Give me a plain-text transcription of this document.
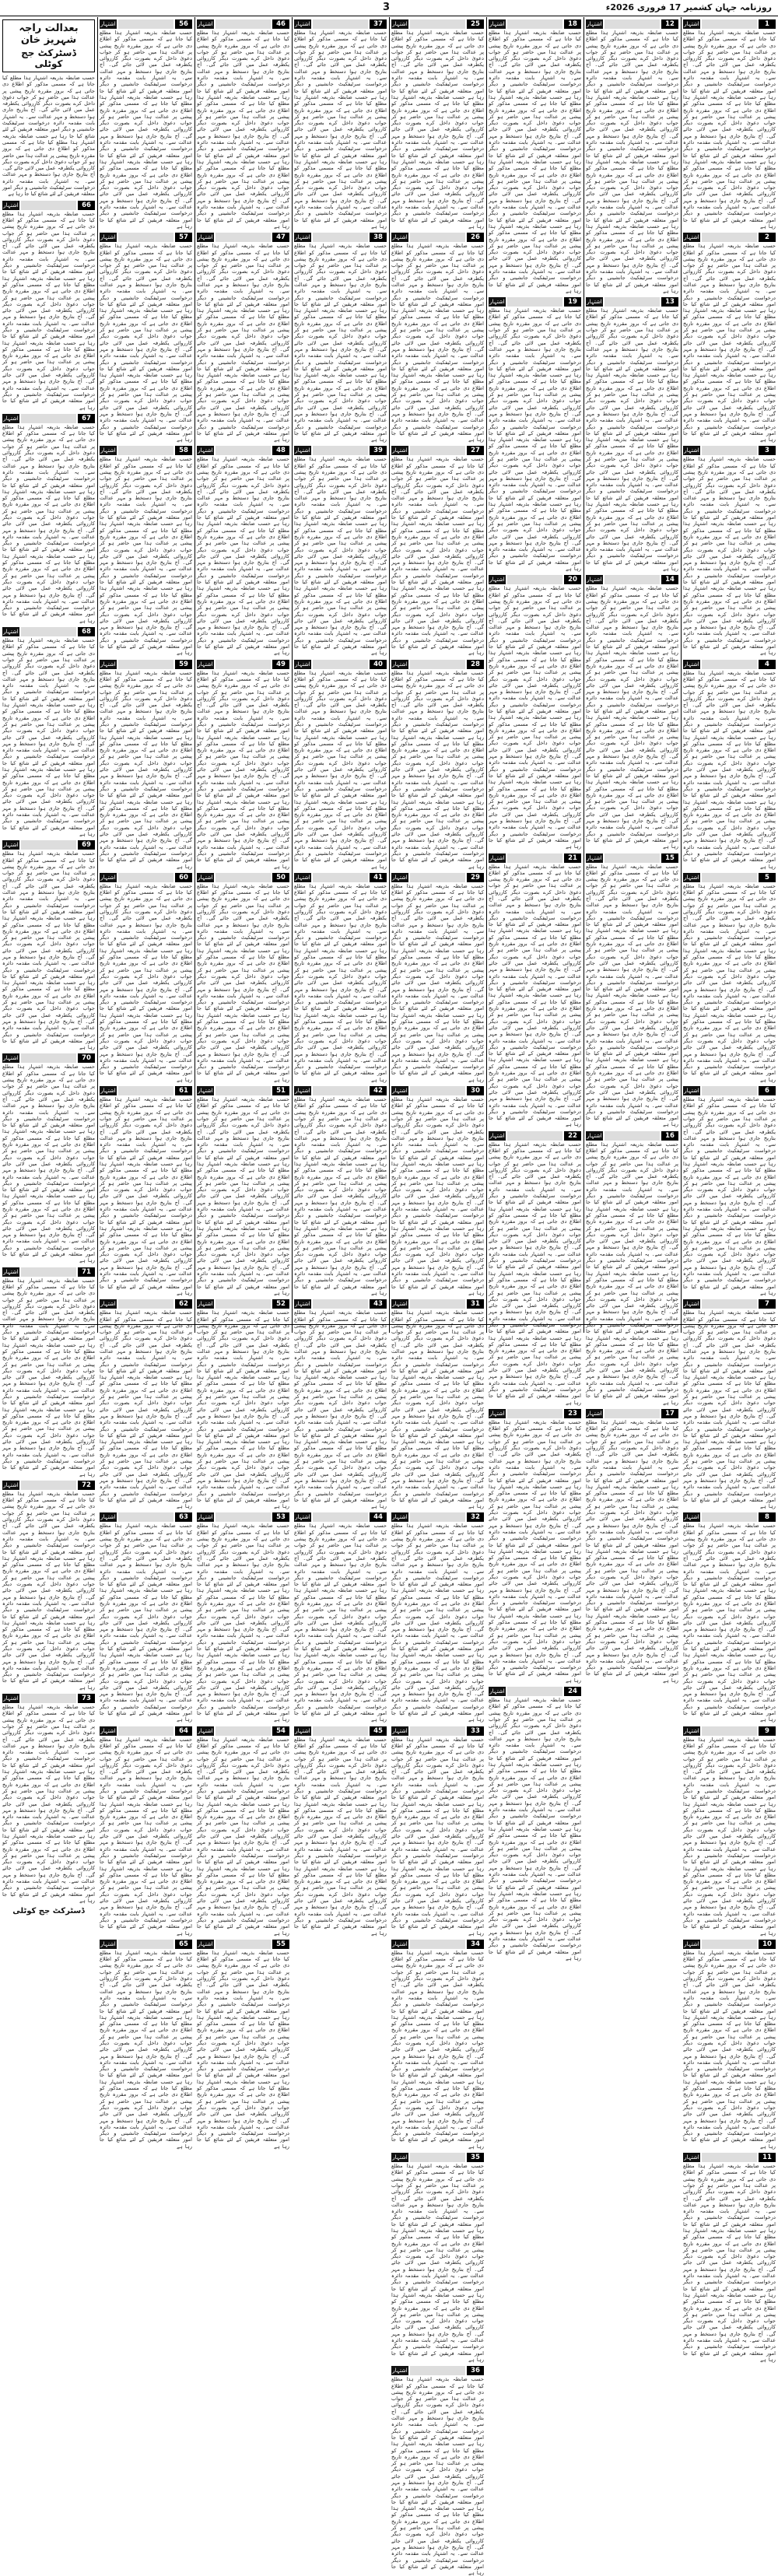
3	روزنامہ جہان کشمیر 17 فروری 2026ء
1
اشتہار
حسب ضابطہ بذریعہ اشتہار ہذا مطلع کیا جاتا ہے کہ مسمی مذکور کو اطلاع دی جاتی ہے کہ بروز مقررہ تاریخ پیشی پر عدالت ہذا میں حاضر ہو کر جواب دعویٰ داخل کرے بصورت دیگر کارروائی یکطرفہ عمل میں لائی جائے گی۔ آج بتاریخ جاری ہوا دستخط و مہر عدالت سے۔ یہ اشتہار بابت مقدمہ دائرہ درخواست سرٹیفکیٹ جانشینی و دیگر امور متعلقہ فریقین کے لئے شائع کیا جا رہا ہے حسب ضابطہ بذریعہ اشتہار ہذا مطلع کیا جاتا ہے کہ مسمی مذکور کو اطلاع دی جاتی ہے کہ بروز مقررہ تاریخ پیشی پر عدالت ہذا میں حاضر ہو کر جواب دعویٰ داخل کرے بصورت دیگر کارروائی یکطرفہ عمل میں لائی جائے گی۔ آج بتاریخ جاری ہوا دستخط و مہر عدالت سے۔ یہ اشتہار بابت مقدمہ دائرہ درخواست سرٹیفکیٹ جانشینی و دیگر امور متعلقہ فریقین کے لئے شائع کیا جا رہا ہے حسب ضابطہ بذریعہ اشتہار ہذا مطلع کیا جاتا ہے کہ مسمی مذکور کو اطلاع دی جاتی ہے کہ بروز مقررہ تاریخ پیشی پر عدالت ہذا میں حاضر ہو کر جواب دعویٰ داخل کرے بصورت دیگر کارروائی یکطرفہ عمل میں لائی جائے گی۔ آج بتاریخ جاری ہوا دستخط و مہر عدالت سے۔ یہ اشتہار بابت مقدمہ دائرہ درخواست سرٹیفکیٹ جانشینی و دیگر امور متعلقہ فریقین کے لئے شائع کیا جا رہا ہے
2
اشتہار
حسب ضابطہ بذریعہ اشتہار ہذا مطلع کیا جاتا ہے کہ مسمی مذکور کو اطلاع دی جاتی ہے کہ بروز مقررہ تاریخ پیشی پر عدالت ہذا میں حاضر ہو کر جواب دعویٰ داخل کرے بصورت دیگر کارروائی یکطرفہ عمل میں لائی جائے گی۔ آج بتاریخ جاری ہوا دستخط و مہر عدالت سے۔ یہ اشتہار بابت مقدمہ دائرہ درخواست سرٹیفکیٹ جانشینی و دیگر امور متعلقہ فریقین کے لئے شائع کیا جا رہا ہے حسب ضابطہ بذریعہ اشتہار ہذا مطلع کیا جاتا ہے کہ مسمی مذکور کو اطلاع دی جاتی ہے کہ بروز مقررہ تاریخ پیشی پر عدالت ہذا میں حاضر ہو کر جواب دعویٰ داخل کرے بصورت دیگر کارروائی یکطرفہ عمل میں لائی جائے گی۔ آج بتاریخ جاری ہوا دستخط و مہر عدالت سے۔ یہ اشتہار بابت مقدمہ دائرہ درخواست سرٹیفکیٹ جانشینی و دیگر امور متعلقہ فریقین کے لئے شائع کیا جا رہا ہے حسب ضابطہ بذریعہ اشتہار ہذا مطلع کیا جاتا ہے کہ مسمی مذکور کو اطلاع دی جاتی ہے کہ بروز مقررہ تاریخ پیشی پر عدالت ہذا میں حاضر ہو کر جواب دعویٰ داخل کرے بصورت دیگر کارروائی یکطرفہ عمل میں لائی جائے گی۔ آج بتاریخ جاری ہوا دستخط و مہر عدالت سے۔ یہ اشتہار بابت مقدمہ دائرہ درخواست سرٹیفکیٹ جانشینی و دیگر امور متعلقہ فریقین کے لئے شائع کیا جا رہا ہے
3
اشتہار
حسب ضابطہ بذریعہ اشتہار ہذا مطلع کیا جاتا ہے کہ مسمی مذکور کو اطلاع دی جاتی ہے کہ بروز مقررہ تاریخ پیشی پر عدالت ہذا میں حاضر ہو کر جواب دعویٰ داخل کرے بصورت دیگر کارروائی یکطرفہ عمل میں لائی جائے گی۔ آج بتاریخ جاری ہوا دستخط و مہر عدالت سے۔ یہ اشتہار بابت مقدمہ دائرہ درخواست سرٹیفکیٹ جانشینی و دیگر امور متعلقہ فریقین کے لئے شائع کیا جا رہا ہے حسب ضابطہ بذریعہ اشتہار ہذا مطلع کیا جاتا ہے کہ مسمی مذکور کو اطلاع دی جاتی ہے کہ بروز مقررہ تاریخ پیشی پر عدالت ہذا میں حاضر ہو کر جواب دعویٰ داخل کرے بصورت دیگر کارروائی یکطرفہ عمل میں لائی جائے گی۔ آج بتاریخ جاری ہوا دستخط و مہر عدالت سے۔ یہ اشتہار بابت مقدمہ دائرہ درخواست سرٹیفکیٹ جانشینی و دیگر امور متعلقہ فریقین کے لئے شائع کیا جا رہا ہے حسب ضابطہ بذریعہ اشتہار ہذا مطلع کیا جاتا ہے کہ مسمی مذکور کو اطلاع دی جاتی ہے کہ بروز مقررہ تاریخ پیشی پر عدالت ہذا میں حاضر ہو کر جواب دعویٰ داخل کرے بصورت دیگر کارروائی یکطرفہ عمل میں لائی جائے گی۔ آج بتاریخ جاری ہوا دستخط و مہر عدالت سے۔ یہ اشتہار بابت مقدمہ دائرہ درخواست سرٹیفکیٹ جانشینی و دیگر امور متعلقہ فریقین کے لئے شائع کیا جا رہا ہے
4
اشتہار
حسب ضابطہ بذریعہ اشتہار ہذا مطلع کیا جاتا ہے کہ مسمی مذکور کو اطلاع دی جاتی ہے کہ بروز مقررہ تاریخ پیشی پر عدالت ہذا میں حاضر ہو کر جواب دعویٰ داخل کرے بصورت دیگر کارروائی یکطرفہ عمل میں لائی جائے گی۔ آج بتاریخ جاری ہوا دستخط و مہر عدالت سے۔ یہ اشتہار بابت مقدمہ دائرہ درخواست سرٹیفکیٹ جانشینی و دیگر امور متعلقہ فریقین کے لئے شائع کیا جا رہا ہے حسب ضابطہ بذریعہ اشتہار ہذا مطلع کیا جاتا ہے کہ مسمی مذکور کو اطلاع دی جاتی ہے کہ بروز مقررہ تاریخ پیشی پر عدالت ہذا میں حاضر ہو کر جواب دعویٰ داخل کرے بصورت دیگر کارروائی یکطرفہ عمل میں لائی جائے گی۔ آج بتاریخ جاری ہوا دستخط و مہر عدالت سے۔ یہ اشتہار بابت مقدمہ دائرہ درخواست سرٹیفکیٹ جانشینی و دیگر امور متعلقہ فریقین کے لئے شائع کیا جا رہا ہے حسب ضابطہ بذریعہ اشتہار ہذا مطلع کیا جاتا ہے کہ مسمی مذکور کو اطلاع دی جاتی ہے کہ بروز مقررہ تاریخ پیشی پر عدالت ہذا میں حاضر ہو کر جواب دعویٰ داخل کرے بصورت دیگر کارروائی یکطرفہ عمل میں لائی جائے گی۔ آج بتاریخ جاری ہوا دستخط و مہر عدالت سے۔ یہ اشتہار بابت مقدمہ دائرہ درخواست سرٹیفکیٹ جانشینی و دیگر امور متعلقہ فریقین کے لئے شائع کیا جا رہا ہے
5
اشتہار
حسب ضابطہ بذریعہ اشتہار ہذا مطلع کیا جاتا ہے کہ مسمی مذکور کو اطلاع دی جاتی ہے کہ بروز مقررہ تاریخ پیشی پر عدالت ہذا میں حاضر ہو کر جواب دعویٰ داخل کرے بصورت دیگر کارروائی یکطرفہ عمل میں لائی جائے گی۔ آج بتاریخ جاری ہوا دستخط و مہر عدالت سے۔ یہ اشتہار بابت مقدمہ دائرہ درخواست سرٹیفکیٹ جانشینی و دیگر امور متعلقہ فریقین کے لئے شائع کیا جا رہا ہے حسب ضابطہ بذریعہ اشتہار ہذا مطلع کیا جاتا ہے کہ مسمی مذکور کو اطلاع دی جاتی ہے کہ بروز مقررہ تاریخ پیشی پر عدالت ہذا میں حاضر ہو کر جواب دعویٰ داخل کرے بصورت دیگر کارروائی یکطرفہ عمل میں لائی جائے گی۔ آج بتاریخ جاری ہوا دستخط و مہر عدالت سے۔ یہ اشتہار بابت مقدمہ دائرہ درخواست سرٹیفکیٹ جانشینی و دیگر امور متعلقہ فریقین کے لئے شائع کیا جا رہا ہے حسب ضابطہ بذریعہ اشتہار ہذا مطلع کیا جاتا ہے کہ مسمی مذکور کو اطلاع دی جاتی ہے کہ بروز مقررہ تاریخ پیشی پر عدالت ہذا میں حاضر ہو کر جواب دعویٰ داخل کرے بصورت دیگر کارروائی یکطرفہ عمل میں لائی جائے گی۔ آج بتاریخ جاری ہوا دستخط و مہر عدالت سے۔ یہ اشتہار بابت مقدمہ دائرہ درخواست سرٹیفکیٹ جانشینی و دیگر امور متعلقہ فریقین کے لئے شائع کیا جا رہا ہے
6
اشتہار
حسب ضابطہ بذریعہ اشتہار ہذا مطلع کیا جاتا ہے کہ مسمی مذکور کو اطلاع دی جاتی ہے کہ بروز مقررہ تاریخ پیشی پر عدالت ہذا میں حاضر ہو کر جواب دعویٰ داخل کرے بصورت دیگر کارروائی یکطرفہ عمل میں لائی جائے گی۔ آج بتاریخ جاری ہوا دستخط و مہر عدالت سے۔ یہ اشتہار بابت مقدمہ دائرہ درخواست سرٹیفکیٹ جانشینی و دیگر امور متعلقہ فریقین کے لئے شائع کیا جا رہا ہے حسب ضابطہ بذریعہ اشتہار ہذا مطلع کیا جاتا ہے کہ مسمی مذکور کو اطلاع دی جاتی ہے کہ بروز مقررہ تاریخ پیشی پر عدالت ہذا میں حاضر ہو کر جواب دعویٰ داخل کرے بصورت دیگر کارروائی یکطرفہ عمل میں لائی جائے گی۔ آج بتاریخ جاری ہوا دستخط و مہر عدالت سے۔ یہ اشتہار بابت مقدمہ دائرہ درخواست سرٹیفکیٹ جانشینی و دیگر امور متعلقہ فریقین کے لئے شائع کیا جا رہا ہے حسب ضابطہ بذریعہ اشتہار ہذا مطلع کیا جاتا ہے کہ مسمی مذکور کو اطلاع دی جاتی ہے کہ بروز مقررہ تاریخ پیشی پر عدالت ہذا میں حاضر ہو کر جواب دعویٰ داخل کرے بصورت دیگر کارروائی یکطرفہ عمل میں لائی جائے گی۔ آج بتاریخ جاری ہوا دستخط و مہر عدالت سے۔ یہ اشتہار بابت مقدمہ دائرہ درخواست سرٹیفکیٹ جانشینی و دیگر امور متعلقہ فریقین کے لئے شائع کیا جا رہا ہے
7
اشتہار
حسب ضابطہ بذریعہ اشتہار ہذا مطلع کیا جاتا ہے کہ مسمی مذکور کو اطلاع دی جاتی ہے کہ بروز مقررہ تاریخ پیشی پر عدالت ہذا میں حاضر ہو کر جواب دعویٰ داخل کرے بصورت دیگر کارروائی یکطرفہ عمل میں لائی جائے گی۔ آج بتاریخ جاری ہوا دستخط و مہر عدالت سے۔ یہ اشتہار بابت مقدمہ دائرہ درخواست سرٹیفکیٹ جانشینی و دیگر امور متعلقہ فریقین کے لئے شائع کیا جا رہا ہے حسب ضابطہ بذریعہ اشتہار ہذا مطلع کیا جاتا ہے کہ مسمی مذکور کو اطلاع دی جاتی ہے کہ بروز مقررہ تاریخ پیشی پر عدالت ہذا میں حاضر ہو کر جواب دعویٰ داخل کرے بصورت دیگر کارروائی یکطرفہ عمل میں لائی جائے گی۔ آج بتاریخ جاری ہوا دستخط و مہر عدالت سے۔ یہ اشتہار بابت مقدمہ دائرہ درخواست سرٹیفکیٹ جانشینی و دیگر امور متعلقہ فریقین کے لئے شائع کیا جا رہا ہے حسب ضابطہ بذریعہ اشتہار ہذا مطلع کیا جاتا ہے کہ مسمی مذکور کو اطلاع دی جاتی ہے کہ بروز مقررہ تاریخ پیشی پر عدالت ہذا میں حاضر ہو کر جواب دعویٰ داخل کرے بصورت دیگر کارروائی یکطرفہ عمل میں لائی جائے گی۔ آج بتاریخ جاری ہوا دستخط و مہر عدالت سے۔ یہ اشتہار بابت مقدمہ دائرہ درخواست سرٹیفکیٹ جانشینی و دیگر امور متعلقہ فریقین کے لئے شائع کیا جا رہا ہے
8
اشتہار
حسب ضابطہ بذریعہ اشتہار ہذا مطلع کیا جاتا ہے کہ مسمی مذکور کو اطلاع دی جاتی ہے کہ بروز مقررہ تاریخ پیشی پر عدالت ہذا میں حاضر ہو کر جواب دعویٰ داخل کرے بصورت دیگر کارروائی یکطرفہ عمل میں لائی جائے گی۔ آج بتاریخ جاری ہوا دستخط و مہر عدالت سے۔ یہ اشتہار بابت مقدمہ دائرہ درخواست سرٹیفکیٹ جانشینی و دیگر امور متعلقہ فریقین کے لئے شائع کیا جا رہا ہے حسب ضابطہ بذریعہ اشتہار ہذا مطلع کیا جاتا ہے کہ مسمی مذکور کو اطلاع دی جاتی ہے کہ بروز مقررہ تاریخ پیشی پر عدالت ہذا میں حاضر ہو کر جواب دعویٰ داخل کرے بصورت دیگر کارروائی یکطرفہ عمل میں لائی جائے گی۔ آج بتاریخ جاری ہوا دستخط و مہر عدالت سے۔ یہ اشتہار بابت مقدمہ دائرہ درخواست سرٹیفکیٹ جانشینی و دیگر امور متعلقہ فریقین کے لئے شائع کیا جا رہا ہے حسب ضابطہ بذریعہ اشتہار ہذا مطلع کیا جاتا ہے کہ مسمی مذکور کو اطلاع دی جاتی ہے کہ بروز مقررہ تاریخ پیشی پر عدالت ہذا میں حاضر ہو کر جواب دعویٰ داخل کرے بصورت دیگر کارروائی یکطرفہ عمل میں لائی جائے گی۔ آج بتاریخ جاری ہوا دستخط و مہر عدالت سے۔ یہ اشتہار بابت مقدمہ دائرہ درخواست سرٹیفکیٹ جانشینی و دیگر امور متعلقہ فریقین کے لئے شائع کیا جا رہا ہے
9
اشتہار
حسب ضابطہ بذریعہ اشتہار ہذا مطلع کیا جاتا ہے کہ مسمی مذکور کو اطلاع دی جاتی ہے کہ بروز مقررہ تاریخ پیشی پر عدالت ہذا میں حاضر ہو کر جواب دعویٰ داخل کرے بصورت دیگر کارروائی یکطرفہ عمل میں لائی جائے گی۔ آج بتاریخ جاری ہوا دستخط و مہر عدالت سے۔ یہ اشتہار بابت مقدمہ دائرہ درخواست سرٹیفکیٹ جانشینی و دیگر امور متعلقہ فریقین کے لئے شائع کیا جا رہا ہے حسب ضابطہ بذریعہ اشتہار ہذا مطلع کیا جاتا ہے کہ مسمی مذکور کو اطلاع دی جاتی ہے کہ بروز مقررہ تاریخ پیشی پر عدالت ہذا میں حاضر ہو کر جواب دعویٰ داخل کرے بصورت دیگر کارروائی یکطرفہ عمل میں لائی جائے گی۔ آج بتاریخ جاری ہوا دستخط و مہر عدالت سے۔ یہ اشتہار بابت مقدمہ دائرہ درخواست سرٹیفکیٹ جانشینی و دیگر امور متعلقہ فریقین کے لئے شائع کیا جا رہا ہے حسب ضابطہ بذریعہ اشتہار ہذا مطلع کیا جاتا ہے کہ مسمی مذکور کو اطلاع دی جاتی ہے کہ بروز مقررہ تاریخ پیشی پر عدالت ہذا میں حاضر ہو کر جواب دعویٰ داخل کرے بصورت دیگر کارروائی یکطرفہ عمل میں لائی جائے گی۔ آج بتاریخ جاری ہوا دستخط و مہر عدالت سے۔ یہ اشتہار بابت مقدمہ دائرہ درخواست سرٹیفکیٹ جانشینی و دیگر امور متعلقہ فریقین کے لئے شائع کیا جا رہا ہے
10
اشتہار
حسب ضابطہ بذریعہ اشتہار ہذا مطلع کیا جاتا ہے کہ مسمی مذکور کو اطلاع دی جاتی ہے کہ بروز مقررہ تاریخ پیشی پر عدالت ہذا میں حاضر ہو کر جواب دعویٰ داخل کرے بصورت دیگر کارروائی یکطرفہ عمل میں لائی جائے گی۔ آج بتاریخ جاری ہوا دستخط و مہر عدالت سے۔ یہ اشتہار بابت مقدمہ دائرہ درخواست سرٹیفکیٹ جانشینی و دیگر امور متعلقہ فریقین کے لئے شائع کیا جا رہا ہے حسب ضابطہ بذریعہ اشتہار ہذا مطلع کیا جاتا ہے کہ مسمی مذکور کو اطلاع دی جاتی ہے کہ بروز مقررہ تاریخ پیشی پر عدالت ہذا میں حاضر ہو کر جواب دعویٰ داخل کرے بصورت دیگر کارروائی یکطرفہ عمل میں لائی جائے گی۔ آج بتاریخ جاری ہوا دستخط و مہر عدالت سے۔ یہ اشتہار بابت مقدمہ دائرہ درخواست سرٹیفکیٹ جانشینی و دیگر امور متعلقہ فریقین کے لئے شائع کیا جا رہا ہے حسب ضابطہ بذریعہ اشتہار ہذا مطلع کیا جاتا ہے کہ مسمی مذکور کو اطلاع دی جاتی ہے کہ بروز مقررہ تاریخ پیشی پر عدالت ہذا میں حاضر ہو کر جواب دعویٰ داخل کرے بصورت دیگر کارروائی یکطرفہ عمل میں لائی جائے گی۔ آج بتاریخ جاری ہوا دستخط و مہر عدالت سے۔ یہ اشتہار بابت مقدمہ دائرہ درخواست سرٹیفکیٹ جانشینی و دیگر امور متعلقہ فریقین کے لئے شائع کیا جا رہا ہے
11
اشتہار
حسب ضابطہ بذریعہ اشتہار ہذا مطلع کیا جاتا ہے کہ مسمی مذکور کو اطلاع دی جاتی ہے کہ بروز مقررہ تاریخ پیشی پر عدالت ہذا میں حاضر ہو کر جواب دعویٰ داخل کرے بصورت دیگر کارروائی یکطرفہ عمل میں لائی جائے گی۔ آج بتاریخ جاری ہوا دستخط و مہر عدالت سے۔ یہ اشتہار بابت مقدمہ دائرہ درخواست سرٹیفکیٹ جانشینی و دیگر امور متعلقہ فریقین کے لئے شائع کیا جا رہا ہے حسب ضابطہ بذریعہ اشتہار ہذا مطلع کیا جاتا ہے کہ مسمی مذکور کو اطلاع دی جاتی ہے کہ بروز مقررہ تاریخ پیشی پر عدالت ہذا میں حاضر ہو کر جواب دعویٰ داخل کرے بصورت دیگر کارروائی یکطرفہ عمل میں لائی جائے گی۔ آج بتاریخ جاری ہوا دستخط و مہر عدالت سے۔ یہ اشتہار بابت مقدمہ دائرہ درخواست سرٹیفکیٹ جانشینی و دیگر امور متعلقہ فریقین کے لئے شائع کیا جا رہا ہے حسب ضابطہ بذریعہ اشتہار ہذا مطلع کیا جاتا ہے کہ مسمی مذکور کو اطلاع دی جاتی ہے کہ بروز مقررہ تاریخ پیشی پر عدالت ہذا میں حاضر ہو کر جواب دعویٰ داخل کرے بصورت دیگر کارروائی یکطرفہ عمل میں لائی جائے گی۔ آج بتاریخ جاری ہوا دستخط و مہر عدالت سے۔ یہ اشتہار بابت مقدمہ دائرہ درخواست سرٹیفکیٹ جانشینی و دیگر امور متعلقہ فریقین کے لئے شائع کیا جا رہا ہے
12
اشتہار
حسب ضابطہ بذریعہ اشتہار ہذا مطلع کیا جاتا ہے کہ مسمی مذکور کو اطلاع دی جاتی ہے کہ بروز مقررہ تاریخ پیشی پر عدالت ہذا میں حاضر ہو کر جواب دعویٰ داخل کرے بصورت دیگر کارروائی یکطرفہ عمل میں لائی جائے گی۔ آج بتاریخ جاری ہوا دستخط و مہر عدالت سے۔ یہ اشتہار بابت مقدمہ دائرہ درخواست سرٹیفکیٹ جانشینی و دیگر امور متعلقہ فریقین کے لئے شائع کیا جا رہا ہے حسب ضابطہ بذریعہ اشتہار ہذا مطلع کیا جاتا ہے کہ مسمی مذکور کو اطلاع دی جاتی ہے کہ بروز مقررہ تاریخ پیشی پر عدالت ہذا میں حاضر ہو کر جواب دعویٰ داخل کرے بصورت دیگر کارروائی یکطرفہ عمل میں لائی جائے گی۔ آج بتاریخ جاری ہوا دستخط و مہر عدالت سے۔ یہ اشتہار بابت مقدمہ دائرہ درخواست سرٹیفکیٹ جانشینی و دیگر امور متعلقہ فریقین کے لئے شائع کیا جا رہا ہے حسب ضابطہ بذریعہ اشتہار ہذا مطلع کیا جاتا ہے کہ مسمی مذکور کو اطلاع دی جاتی ہے کہ بروز مقررہ تاریخ پیشی پر عدالت ہذا میں حاضر ہو کر جواب دعویٰ داخل کرے بصورت دیگر کارروائی یکطرفہ عمل میں لائی جائے گی۔ آج بتاریخ جاری ہوا دستخط و مہر عدالت سے۔ یہ اشتہار بابت مقدمہ دائرہ درخواست سرٹیفکیٹ جانشینی و دیگر امور متعلقہ فریقین کے لئے شائع کیا جا رہا ہے حسب ضابطہ بذریعہ اشتہار ہذا مطلع کیا جاتا ہے کہ مسمی مذکور کو اطلاع دی جاتی ہے کہ بروز مقررہ تاریخ پیشی پر عدالت ہذا میں حاضر ہو کر جواب دعویٰ داخل کرے بصورت دیگر کارروائی یکطرفہ عمل میں لائی جائے گی۔ آج بتاریخ جاری ہوا دستخط و مہر عدالت سے۔ یہ اشتہار بابت مقدمہ دائرہ درخواست سرٹیفکیٹ جانشینی و دیگر امور متعلقہ فریقین کے لئے شائع کیا جا رہا ہے
13
اشتہار
حسب ضابطہ بذریعہ اشتہار ہذا مطلع کیا جاتا ہے کہ مسمی مذکور کو اطلاع دی جاتی ہے کہ بروز مقررہ تاریخ پیشی پر عدالت ہذا میں حاضر ہو کر جواب دعویٰ داخل کرے بصورت دیگر کارروائی یکطرفہ عمل میں لائی جائے گی۔ آج بتاریخ جاری ہوا دستخط و مہر عدالت سے۔ یہ اشتہار بابت مقدمہ دائرہ درخواست سرٹیفکیٹ جانشینی و دیگر امور متعلقہ فریقین کے لئے شائع کیا جا رہا ہے حسب ضابطہ بذریعہ اشتہار ہذا مطلع کیا جاتا ہے کہ مسمی مذکور کو اطلاع دی جاتی ہے کہ بروز مقررہ تاریخ پیشی پر عدالت ہذا میں حاضر ہو کر جواب دعویٰ داخل کرے بصورت دیگر کارروائی یکطرفہ عمل میں لائی جائے گی۔ آج بتاریخ جاری ہوا دستخط و مہر عدالت سے۔ یہ اشتہار بابت مقدمہ دائرہ درخواست سرٹیفکیٹ جانشینی و دیگر امور متعلقہ فریقین کے لئے شائع کیا جا رہا ہے حسب ضابطہ بذریعہ اشتہار ہذا مطلع کیا جاتا ہے کہ مسمی مذکور کو اطلاع دی جاتی ہے کہ بروز مقررہ تاریخ پیشی پر عدالت ہذا میں حاضر ہو کر جواب دعویٰ داخل کرے بصورت دیگر کارروائی یکطرفہ عمل میں لائی جائے گی۔ آج بتاریخ جاری ہوا دستخط و مہر عدالت سے۔ یہ اشتہار بابت مقدمہ دائرہ درخواست سرٹیفکیٹ جانشینی و دیگر امور متعلقہ فریقین کے لئے شائع کیا جا رہا ہے حسب ضابطہ بذریعہ اشتہار ہذا مطلع کیا جاتا ہے کہ مسمی مذکور کو اطلاع دی جاتی ہے کہ بروز مقررہ تاریخ پیشی پر عدالت ہذا میں حاضر ہو کر جواب دعویٰ داخل کرے بصورت دیگر کارروائی یکطرفہ عمل میں لائی جائے گی۔ آج بتاریخ جاری ہوا دستخط و مہر عدالت سے۔ یہ اشتہار بابت مقدمہ دائرہ درخواست سرٹیفکیٹ جانشینی و دیگر امور متعلقہ فریقین کے لئے شائع کیا جا رہا ہے
14
اشتہار
حسب ضابطہ بذریعہ اشتہار ہذا مطلع کیا جاتا ہے کہ مسمی مذکور کو اطلاع دی جاتی ہے کہ بروز مقررہ تاریخ پیشی پر عدالت ہذا میں حاضر ہو کر جواب دعویٰ داخل کرے بصورت دیگر کارروائی یکطرفہ عمل میں لائی جائے گی۔ آج بتاریخ جاری ہوا دستخط و مہر عدالت سے۔ یہ اشتہار بابت مقدمہ دائرہ درخواست سرٹیفکیٹ جانشینی و دیگر امور متعلقہ فریقین کے لئے شائع کیا جا رہا ہے حسب ضابطہ بذریعہ اشتہار ہذا مطلع کیا جاتا ہے کہ مسمی مذکور کو اطلاع دی جاتی ہے کہ بروز مقررہ تاریخ پیشی پر عدالت ہذا میں حاضر ہو کر جواب دعویٰ داخل کرے بصورت دیگر کارروائی یکطرفہ عمل میں لائی جائے گی۔ آج بتاریخ جاری ہوا دستخط و مہر عدالت سے۔ یہ اشتہار بابت مقدمہ دائرہ درخواست سرٹیفکیٹ جانشینی و دیگر امور متعلقہ فریقین کے لئے شائع کیا جا رہا ہے حسب ضابطہ بذریعہ اشتہار ہذا مطلع کیا جاتا ہے کہ مسمی مذکور کو اطلاع دی جاتی ہے کہ بروز مقررہ تاریخ پیشی پر عدالت ہذا میں حاضر ہو کر جواب دعویٰ داخل کرے بصورت دیگر کارروائی یکطرفہ عمل میں لائی جائے گی۔ آج بتاریخ جاری ہوا دستخط و مہر عدالت سے۔ یہ اشتہار بابت مقدمہ دائرہ درخواست سرٹیفکیٹ جانشینی و دیگر امور متعلقہ فریقین کے لئے شائع کیا جا رہا ہے حسب ضابطہ بذریعہ اشتہار ہذا مطلع کیا جاتا ہے کہ مسمی مذکور کو اطلاع دی جاتی ہے کہ بروز مقررہ تاریخ پیشی پر عدالت ہذا میں حاضر ہو کر جواب دعویٰ داخل کرے بصورت دیگر کارروائی یکطرفہ عمل میں لائی جائے گی۔ آج بتاریخ جاری ہوا دستخط و مہر عدالت سے۔ یہ اشتہار بابت مقدمہ دائرہ درخواست سرٹیفکیٹ جانشینی و دیگر امور متعلقہ فریقین کے لئے شائع کیا جا رہا ہے
15
اشتہار
حسب ضابطہ بذریعہ اشتہار ہذا مطلع کیا جاتا ہے کہ مسمی مذکور کو اطلاع دی جاتی ہے کہ بروز مقررہ تاریخ پیشی پر عدالت ہذا میں حاضر ہو کر جواب دعویٰ داخل کرے بصورت دیگر کارروائی یکطرفہ عمل میں لائی جائے گی۔ آج بتاریخ جاری ہوا دستخط و مہر عدالت سے۔ یہ اشتہار بابت مقدمہ دائرہ درخواست سرٹیفکیٹ جانشینی و دیگر امور متعلقہ فریقین کے لئے شائع کیا جا رہا ہے حسب ضابطہ بذریعہ اشتہار ہذا مطلع کیا جاتا ہے کہ مسمی مذکور کو اطلاع دی جاتی ہے کہ بروز مقررہ تاریخ پیشی پر عدالت ہذا میں حاضر ہو کر جواب دعویٰ داخل کرے بصورت دیگر کارروائی یکطرفہ عمل میں لائی جائے گی۔ آج بتاریخ جاری ہوا دستخط و مہر عدالت سے۔ یہ اشتہار بابت مقدمہ دائرہ درخواست سرٹیفکیٹ جانشینی و دیگر امور متعلقہ فریقین کے لئے شائع کیا جا رہا ہے حسب ضابطہ بذریعہ اشتہار ہذا مطلع کیا جاتا ہے کہ مسمی مذکور کو اطلاع دی جاتی ہے کہ بروز مقررہ تاریخ پیشی پر عدالت ہذا میں حاضر ہو کر جواب دعویٰ داخل کرے بصورت دیگر کارروائی یکطرفہ عمل میں لائی جائے گی۔ آج بتاریخ جاری ہوا دستخط و مہر عدالت سے۔ یہ اشتہار بابت مقدمہ دائرہ درخواست سرٹیفکیٹ جانشینی و دیگر امور متعلقہ فریقین کے لئے شائع کیا جا رہا ہے حسب ضابطہ بذریعہ اشتہار ہذا مطلع کیا جاتا ہے کہ مسمی مذکور کو اطلاع دی جاتی ہے کہ بروز مقررہ تاریخ پیشی پر عدالت ہذا میں حاضر ہو کر جواب دعویٰ داخل کرے بصورت دیگر کارروائی یکطرفہ عمل میں لائی جائے گی۔ آج بتاریخ جاری ہوا دستخط و مہر عدالت سے۔ یہ اشتہار بابت مقدمہ دائرہ درخواست سرٹیفکیٹ جانشینی و دیگر امور متعلقہ فریقین کے لئے شائع کیا جا رہا ہے
16
اشتہار
حسب ضابطہ بذریعہ اشتہار ہذا مطلع کیا جاتا ہے کہ مسمی مذکور کو اطلاع دی جاتی ہے کہ بروز مقررہ تاریخ پیشی پر عدالت ہذا میں حاضر ہو کر جواب دعویٰ داخل کرے بصورت دیگر کارروائی یکطرفہ عمل میں لائی جائے گی۔ آج بتاریخ جاری ہوا دستخط و مہر عدالت سے۔ یہ اشتہار بابت مقدمہ دائرہ درخواست سرٹیفکیٹ جانشینی و دیگر امور متعلقہ فریقین کے لئے شائع کیا جا رہا ہے حسب ضابطہ بذریعہ اشتہار ہذا مطلع کیا جاتا ہے کہ مسمی مذکور کو اطلاع دی جاتی ہے کہ بروز مقررہ تاریخ پیشی پر عدالت ہذا میں حاضر ہو کر جواب دعویٰ داخل کرے بصورت دیگر کارروائی یکطرفہ عمل میں لائی جائے گی۔ آج بتاریخ جاری ہوا دستخط و مہر عدالت سے۔ یہ اشتہار بابت مقدمہ دائرہ درخواست سرٹیفکیٹ جانشینی و دیگر امور متعلقہ فریقین کے لئے شائع کیا جا رہا ہے حسب ضابطہ بذریعہ اشتہار ہذا مطلع کیا جاتا ہے کہ مسمی مذکور کو اطلاع دی جاتی ہے کہ بروز مقررہ تاریخ پیشی پر عدالت ہذا میں حاضر ہو کر جواب دعویٰ داخل کرے بصورت دیگر کارروائی یکطرفہ عمل میں لائی جائے گی۔ آج بتاریخ جاری ہوا دستخط و مہر عدالت سے۔ یہ اشتہار بابت مقدمہ دائرہ درخواست سرٹیفکیٹ جانشینی و دیگر امور متعلقہ فریقین کے لئے شائع کیا جا رہا ہے حسب ضابطہ بذریعہ اشتہار ہذا مطلع کیا جاتا ہے کہ مسمی مذکور کو اطلاع دی جاتی ہے کہ بروز مقررہ تاریخ پیشی پر عدالت ہذا میں حاضر ہو کر جواب دعویٰ داخل کرے بصورت دیگر کارروائی یکطرفہ عمل میں لائی جائے گی۔ آج بتاریخ جاری ہوا دستخط و مہر عدالت سے۔ یہ اشتہار بابت مقدمہ دائرہ درخواست سرٹیفکیٹ جانشینی و دیگر امور متعلقہ فریقین کے لئے شائع کیا جا رہا ہے
17
اشتہار
حسب ضابطہ بذریعہ اشتہار ہذا مطلع کیا جاتا ہے کہ مسمی مذکور کو اطلاع دی جاتی ہے کہ بروز مقررہ تاریخ پیشی پر عدالت ہذا میں حاضر ہو کر جواب دعویٰ داخل کرے بصورت دیگر کارروائی یکطرفہ عمل میں لائی جائے گی۔ آج بتاریخ جاری ہوا دستخط و مہر عدالت سے۔ یہ اشتہار بابت مقدمہ دائرہ درخواست سرٹیفکیٹ جانشینی و دیگر امور متعلقہ فریقین کے لئے شائع کیا جا رہا ہے حسب ضابطہ بذریعہ اشتہار ہذا مطلع کیا جاتا ہے کہ مسمی مذکور کو اطلاع دی جاتی ہے کہ بروز مقررہ تاریخ پیشی پر عدالت ہذا میں حاضر ہو کر جواب دعویٰ داخل کرے بصورت دیگر کارروائی یکطرفہ عمل میں لائی جائے گی۔ آج بتاریخ جاری ہوا دستخط و مہر عدالت سے۔ یہ اشتہار بابت مقدمہ دائرہ درخواست سرٹیفکیٹ جانشینی و دیگر امور متعلقہ فریقین کے لئے شائع کیا جا رہا ہے حسب ضابطہ بذریعہ اشتہار ہذا مطلع کیا جاتا ہے کہ مسمی مذکور کو اطلاع دی جاتی ہے کہ بروز مقررہ تاریخ پیشی پر عدالت ہذا میں حاضر ہو کر جواب دعویٰ داخل کرے بصورت دیگر کارروائی یکطرفہ عمل میں لائی جائے گی۔ آج بتاریخ جاری ہوا دستخط و مہر عدالت سے۔ یہ اشتہار بابت مقدمہ دائرہ درخواست سرٹیفکیٹ جانشینی و دیگر امور متعلقہ فریقین کے لئے شائع کیا جا رہا ہے حسب ضابطہ بذریعہ اشتہار ہذا مطلع کیا جاتا ہے کہ مسمی مذکور کو اطلاع دی جاتی ہے کہ بروز مقررہ تاریخ پیشی پر عدالت ہذا میں حاضر ہو کر جواب دعویٰ داخل کرے بصورت دیگر کارروائی یکطرفہ عمل میں لائی جائے گی۔ آج بتاریخ جاری ہوا دستخط و مہر عدالت سے۔ یہ اشتہار بابت مقدمہ دائرہ درخواست سرٹیفکیٹ جانشینی و دیگر امور متعلقہ فریقین کے لئے شائع کیا جا رہا ہے
18
اشتہار
حسب ضابطہ بذریعہ اشتہار ہذا مطلع کیا جاتا ہے کہ مسمی مذکور کو اطلاع دی جاتی ہے کہ بروز مقررہ تاریخ پیشی پر عدالت ہذا میں حاضر ہو کر جواب دعویٰ داخل کرے بصورت دیگر کارروائی یکطرفہ عمل میں لائی جائے گی۔ آج بتاریخ جاری ہوا دستخط و مہر عدالت سے۔ یہ اشتہار بابت مقدمہ دائرہ درخواست سرٹیفکیٹ جانشینی و دیگر امور متعلقہ فریقین کے لئے شائع کیا جا رہا ہے حسب ضابطہ بذریعہ اشتہار ہذا مطلع کیا جاتا ہے کہ مسمی مذکور کو اطلاع دی جاتی ہے کہ بروز مقررہ تاریخ پیشی پر عدالت ہذا میں حاضر ہو کر جواب دعویٰ داخل کرے بصورت دیگر کارروائی یکطرفہ عمل میں لائی جائے گی۔ آج بتاریخ جاری ہوا دستخط و مہر عدالت سے۔ یہ اشتہار بابت مقدمہ دائرہ درخواست سرٹیفکیٹ جانشینی و دیگر امور متعلقہ فریقین کے لئے شائع کیا جا رہا ہے حسب ضابطہ بذریعہ اشتہار ہذا مطلع کیا جاتا ہے کہ مسمی مذکور کو اطلاع دی جاتی ہے کہ بروز مقررہ تاریخ پیشی پر عدالت ہذا میں حاضر ہو کر جواب دعویٰ داخل کرے بصورت دیگر کارروائی یکطرفہ عمل میں لائی جائے گی۔ آج بتاریخ جاری ہوا دستخط و مہر عدالت سے۔ یہ اشتہار بابت مقدمہ دائرہ درخواست سرٹیفکیٹ جانشینی و دیگر امور متعلقہ فریقین کے لئے شائع کیا جا رہا ہے حسب ضابطہ بذریعہ اشتہار ہذا مطلع کیا جاتا ہے کہ مسمی مذکور کو اطلاع دی جاتی ہے کہ بروز مقررہ تاریخ پیشی پر عدالت ہذا میں حاضر ہو کر جواب دعویٰ داخل کرے بصورت دیگر کارروائی یکطرفہ عمل میں لائی جائے گی۔ آج بتاریخ جاری ہوا دستخط و مہر عدالت سے۔ یہ اشتہار بابت مقدمہ دائرہ درخواست سرٹیفکیٹ جانشینی و دیگر امور متعلقہ فریقین کے لئے شائع کیا جا رہا ہے
19
اشتہار
حسب ضابطہ بذریعہ اشتہار ہذا مطلع کیا جاتا ہے کہ مسمی مذکور کو اطلاع دی جاتی ہے کہ بروز مقررہ تاریخ پیشی پر عدالت ہذا میں حاضر ہو کر جواب دعویٰ داخل کرے بصورت دیگر کارروائی یکطرفہ عمل میں لائی جائے گی۔ آج بتاریخ جاری ہوا دستخط و مہر عدالت سے۔ یہ اشتہار بابت مقدمہ دائرہ درخواست سرٹیفکیٹ جانشینی و دیگر امور متعلقہ فریقین کے لئے شائع کیا جا رہا ہے حسب ضابطہ بذریعہ اشتہار ہذا مطلع کیا جاتا ہے کہ مسمی مذکور کو اطلاع دی جاتی ہے کہ بروز مقررہ تاریخ پیشی پر عدالت ہذا میں حاضر ہو کر جواب دعویٰ داخل کرے بصورت دیگر کارروائی یکطرفہ عمل میں لائی جائے گی۔ آج بتاریخ جاری ہوا دستخط و مہر عدالت سے۔ یہ اشتہار بابت مقدمہ دائرہ درخواست سرٹیفکیٹ جانشینی و دیگر امور متعلقہ فریقین کے لئے شائع کیا جا رہا ہے حسب ضابطہ بذریعہ اشتہار ہذا مطلع کیا جاتا ہے کہ مسمی مذکور کو اطلاع دی جاتی ہے کہ بروز مقررہ تاریخ پیشی پر عدالت ہذا میں حاضر ہو کر جواب دعویٰ داخل کرے بصورت دیگر کارروائی یکطرفہ عمل میں لائی جائے گی۔ آج بتاریخ جاری ہوا دستخط و مہر عدالت سے۔ یہ اشتہار بابت مقدمہ دائرہ درخواست سرٹیفکیٹ جانشینی و دیگر امور متعلقہ فریقین کے لئے شائع کیا جا رہا ہے حسب ضابطہ بذریعہ اشتہار ہذا مطلع کیا جاتا ہے کہ مسمی مذکور کو اطلاع دی جاتی ہے کہ بروز مقررہ تاریخ پیشی پر عدالت ہذا میں حاضر ہو کر جواب دعویٰ داخل کرے بصورت دیگر کارروائی یکطرفہ عمل میں لائی جائے گی۔ آج بتاریخ جاری ہوا دستخط و مہر عدالت سے۔ یہ اشتہار بابت مقدمہ دائرہ درخواست سرٹیفکیٹ جانشینی و دیگر امور متعلقہ فریقین کے لئے شائع کیا جا رہا ہے
20
اشتہار
حسب ضابطہ بذریعہ اشتہار ہذا مطلع کیا جاتا ہے کہ مسمی مذکور کو اطلاع دی جاتی ہے کہ بروز مقررہ تاریخ پیشی پر عدالت ہذا میں حاضر ہو کر جواب دعویٰ داخل کرے بصورت دیگر کارروائی یکطرفہ عمل میں لائی جائے گی۔ آج بتاریخ جاری ہوا دستخط و مہر عدالت سے۔ یہ اشتہار بابت مقدمہ دائرہ درخواست سرٹیفکیٹ جانشینی و دیگر امور متعلقہ فریقین کے لئے شائع کیا جا رہا ہے حسب ضابطہ بذریعہ اشتہار ہذا مطلع کیا جاتا ہے کہ مسمی مذکور کو اطلاع دی جاتی ہے کہ بروز مقررہ تاریخ پیشی پر عدالت ہذا میں حاضر ہو کر جواب دعویٰ داخل کرے بصورت دیگر کارروائی یکطرفہ عمل میں لائی جائے گی۔ آج بتاریخ جاری ہوا دستخط و مہر عدالت سے۔ یہ اشتہار بابت مقدمہ دائرہ درخواست سرٹیفکیٹ جانشینی و دیگر امور متعلقہ فریقین کے لئے شائع کیا جا رہا ہے حسب ضابطہ بذریعہ اشتہار ہذا مطلع کیا جاتا ہے کہ مسمی مذکور کو اطلاع دی جاتی ہے کہ بروز مقررہ تاریخ پیشی پر عدالت ہذا میں حاضر ہو کر جواب دعویٰ داخل کرے بصورت دیگر کارروائی یکطرفہ عمل میں لائی جائے گی۔ آج بتاریخ جاری ہوا دستخط و مہر عدالت سے۔ یہ اشتہار بابت مقدمہ دائرہ درخواست سرٹیفکیٹ جانشینی و دیگر امور متعلقہ فریقین کے لئے شائع کیا جا رہا ہے حسب ضابطہ بذریعہ اشتہار ہذا مطلع کیا جاتا ہے کہ مسمی مذکور کو اطلاع دی جاتی ہے کہ بروز مقررہ تاریخ پیشی پر عدالت ہذا میں حاضر ہو کر جواب دعویٰ داخل کرے بصورت دیگر کارروائی یکطرفہ عمل میں لائی جائے گی۔ آج بتاریخ جاری ہوا دستخط و مہر عدالت سے۔ یہ اشتہار بابت مقدمہ دائرہ درخواست سرٹیفکیٹ جانشینی و دیگر امور متعلقہ فریقین کے لئے شائع کیا جا رہا ہے
21
اشتہار
حسب ضابطہ بذریعہ اشتہار ہذا مطلع کیا جاتا ہے کہ مسمی مذکور کو اطلاع دی جاتی ہے کہ بروز مقررہ تاریخ پیشی پر عدالت ہذا میں حاضر ہو کر جواب دعویٰ داخل کرے بصورت دیگر کارروائی یکطرفہ عمل میں لائی جائے گی۔ آج بتاریخ جاری ہوا دستخط و مہر عدالت سے۔ یہ اشتہار بابت مقدمہ دائرہ درخواست سرٹیفکیٹ جانشینی و دیگر امور متعلقہ فریقین کے لئے شائع کیا جا رہا ہے حسب ضابطہ بذریعہ اشتہار ہذا مطلع کیا جاتا ہے کہ مسمی مذکور کو اطلاع دی جاتی ہے کہ بروز مقررہ تاریخ پیشی پر عدالت ہذا میں حاضر ہو کر جواب دعویٰ داخل کرے بصورت دیگر کارروائی یکطرفہ عمل میں لائی جائے گی۔ آج بتاریخ جاری ہوا دستخط و مہر عدالت سے۔ یہ اشتہار بابت مقدمہ دائرہ درخواست سرٹیفکیٹ جانشینی و دیگر امور متعلقہ فریقین کے لئے شائع کیا جا رہا ہے حسب ضابطہ بذریعہ اشتہار ہذا مطلع کیا جاتا ہے کہ مسمی مذکور کو اطلاع دی جاتی ہے کہ بروز مقررہ تاریخ پیشی پر عدالت ہذا میں حاضر ہو کر جواب دعویٰ داخل کرے بصورت دیگر کارروائی یکطرفہ عمل میں لائی جائے گی۔ آج بتاریخ جاری ہوا دستخط و مہر عدالت سے۔ یہ اشتہار بابت مقدمہ دائرہ درخواست سرٹیفکیٹ جانشینی و دیگر امور متعلقہ فریقین کے لئے شائع کیا جا رہا ہے حسب ضابطہ بذریعہ اشتہار ہذا مطلع کیا جاتا ہے کہ مسمی مذکور کو اطلاع دی جاتی ہے کہ بروز مقررہ تاریخ پیشی پر عدالت ہذا میں حاضر ہو کر جواب دعویٰ داخل کرے بصورت دیگر کارروائی یکطرفہ عمل میں لائی جائے گی۔ آج بتاریخ جاری ہوا دستخط و مہر عدالت سے۔ یہ اشتہار بابت مقدمہ دائرہ درخواست سرٹیفکیٹ جانشینی و دیگر امور متعلقہ فریقین کے لئے شائع کیا جا رہا ہے
22
اشتہار
حسب ضابطہ بذریعہ اشتہار ہذا مطلع کیا جاتا ہے کہ مسمی مذکور کو اطلاع دی جاتی ہے کہ بروز مقررہ تاریخ پیشی پر عدالت ہذا میں حاضر ہو کر جواب دعویٰ داخل کرے بصورت دیگر کارروائی یکطرفہ عمل میں لائی جائے گی۔ آج بتاریخ جاری ہوا دستخط و مہر عدالت سے۔ یہ اشتہار بابت مقدمہ دائرہ درخواست سرٹیفکیٹ جانشینی و دیگر امور متعلقہ فریقین کے لئے شائع کیا جا رہا ہے حسب ضابطہ بذریعہ اشتہار ہذا مطلع کیا جاتا ہے کہ مسمی مذکور کو اطلاع دی جاتی ہے کہ بروز مقررہ تاریخ پیشی پر عدالت ہذا میں حاضر ہو کر جواب دعویٰ داخل کرے بصورت دیگر کارروائی یکطرفہ عمل میں لائی جائے گی۔ آج بتاریخ جاری ہوا دستخط و مہر عدالت سے۔ یہ اشتہار بابت مقدمہ دائرہ درخواست سرٹیفکیٹ جانشینی و دیگر امور متعلقہ فریقین کے لئے شائع کیا جا رہا ہے حسب ضابطہ بذریعہ اشتہار ہذا مطلع کیا جاتا ہے کہ مسمی مذکور کو اطلاع دی جاتی ہے کہ بروز مقررہ تاریخ پیشی پر عدالت ہذا میں حاضر ہو کر جواب دعویٰ داخل کرے بصورت دیگر کارروائی یکطرفہ عمل میں لائی جائے گی۔ آج بتاریخ جاری ہوا دستخط و مہر عدالت سے۔ یہ اشتہار بابت مقدمہ دائرہ درخواست سرٹیفکیٹ جانشینی و دیگر امور متعلقہ فریقین کے لئے شائع کیا جا رہا ہے حسب ضابطہ بذریعہ اشتہار ہذا مطلع کیا جاتا ہے کہ مسمی مذکور کو اطلاع دی جاتی ہے کہ بروز مقررہ تاریخ پیشی پر عدالت ہذا میں حاضر ہو کر جواب دعویٰ داخل کرے بصورت دیگر کارروائی یکطرفہ عمل میں لائی جائے گی۔ آج بتاریخ جاری ہوا دستخط و مہر عدالت سے۔ یہ اشتہار بابت مقدمہ دائرہ درخواست سرٹیفکیٹ جانشینی و دیگر امور متعلقہ فریقین کے لئے شائع کیا جا رہا ہے
23
اشتہار
حسب ضابطہ بذریعہ اشتہار ہذا مطلع کیا جاتا ہے کہ مسمی مذکور کو اطلاع دی جاتی ہے کہ بروز مقررہ تاریخ پیشی پر عدالت ہذا میں حاضر ہو کر جواب دعویٰ داخل کرے بصورت دیگر کارروائی یکطرفہ عمل میں لائی جائے گی۔ آج بتاریخ جاری ہوا دستخط و مہر عدالت سے۔ یہ اشتہار بابت مقدمہ دائرہ درخواست سرٹیفکیٹ جانشینی و دیگر امور متعلقہ فریقین کے لئے شائع کیا جا رہا ہے حسب ضابطہ بذریعہ اشتہار ہذا مطلع کیا جاتا ہے کہ مسمی مذکور کو اطلاع دی جاتی ہے کہ بروز مقررہ تاریخ پیشی پر عدالت ہذا میں حاضر ہو کر جواب دعویٰ داخل کرے بصورت دیگر کارروائی یکطرفہ عمل میں لائی جائے گی۔ آج بتاریخ جاری ہوا دستخط و مہر عدالت سے۔ یہ اشتہار بابت مقدمہ دائرہ درخواست سرٹیفکیٹ جانشینی و دیگر امور متعلقہ فریقین کے لئے شائع کیا جا رہا ہے حسب ضابطہ بذریعہ اشتہار ہذا مطلع کیا جاتا ہے کہ مسمی مذکور کو اطلاع دی جاتی ہے کہ بروز مقررہ تاریخ پیشی پر عدالت ہذا میں حاضر ہو کر جواب دعویٰ داخل کرے بصورت دیگر کارروائی یکطرفہ عمل میں لائی جائے گی۔ آج بتاریخ جاری ہوا دستخط و مہر عدالت سے۔ یہ اشتہار بابت مقدمہ دائرہ درخواست سرٹیفکیٹ جانشینی و دیگر امور متعلقہ فریقین کے لئے شائع کیا جا رہا ہے حسب ضابطہ بذریعہ اشتہار ہذا مطلع کیا جاتا ہے کہ مسمی مذکور کو اطلاع دی جاتی ہے کہ بروز مقررہ تاریخ پیشی پر عدالت ہذا میں حاضر ہو کر جواب دعویٰ داخل کرے بصورت دیگر کارروائی یکطرفہ عمل میں لائی جائے گی۔ آج بتاریخ جاری ہوا دستخط و مہر عدالت سے۔ یہ اشتہار بابت مقدمہ دائرہ درخواست سرٹیفکیٹ جانشینی و دیگر امور متعلقہ فریقین کے لئے شائع کیا جا رہا ہے
24
اشتہار
حسب ضابطہ بذریعہ اشتہار ہذا مطلع کیا جاتا ہے کہ مسمی مذکور کو اطلاع دی جاتی ہے کہ بروز مقررہ تاریخ پیشی پر عدالت ہذا میں حاضر ہو کر جواب دعویٰ داخل کرے بصورت دیگر کارروائی یکطرفہ عمل میں لائی جائے گی۔ آج بتاریخ جاری ہوا دستخط و مہر عدالت سے۔ یہ اشتہار بابت مقدمہ دائرہ درخواست سرٹیفکیٹ جانشینی و دیگر امور متعلقہ فریقین کے لئے شائع کیا جا رہا ہے حسب ضابطہ بذریعہ اشتہار ہذا مطلع کیا جاتا ہے کہ مسمی مذکور کو اطلاع دی جاتی ہے کہ بروز مقررہ تاریخ پیشی پر عدالت ہذا میں حاضر ہو کر جواب دعویٰ داخل کرے بصورت دیگر کارروائی یکطرفہ عمل میں لائی جائے گی۔ آج بتاریخ جاری ہوا دستخط و مہر عدالت سے۔ یہ اشتہار بابت مقدمہ دائرہ درخواست سرٹیفکیٹ جانشینی و دیگر امور متعلقہ فریقین کے لئے شائع کیا جا رہا ہے حسب ضابطہ بذریعہ اشتہار ہذا مطلع کیا جاتا ہے کہ مسمی مذکور کو اطلاع دی جاتی ہے کہ بروز مقررہ تاریخ پیشی پر عدالت ہذا میں حاضر ہو کر جواب دعویٰ داخل کرے بصورت دیگر کارروائی یکطرفہ عمل میں لائی جائے گی۔ آج بتاریخ جاری ہوا دستخط و مہر عدالت سے۔ یہ اشتہار بابت مقدمہ دائرہ درخواست سرٹیفکیٹ جانشینی و دیگر امور متعلقہ فریقین کے لئے شائع کیا جا رہا ہے حسب ضابطہ بذریعہ اشتہار ہذا مطلع کیا جاتا ہے کہ مسمی مذکور کو اطلاع دی جاتی ہے کہ بروز مقررہ تاریخ پیشی پر عدالت ہذا میں حاضر ہو کر جواب دعویٰ داخل کرے بصورت دیگر کارروائی یکطرفہ عمل میں لائی جائے گی۔ آج بتاریخ جاری ہوا دستخط و مہر عدالت سے۔ یہ اشتہار بابت مقدمہ دائرہ درخواست سرٹیفکیٹ جانشینی و دیگر امور متعلقہ فریقین کے لئے شائع کیا جا رہا ہے
25
اشتہار
حسب ضابطہ بذریعہ اشتہار ہذا مطلع کیا جاتا ہے کہ مسمی مذکور کو اطلاع دی جاتی ہے کہ بروز مقررہ تاریخ پیشی پر عدالت ہذا میں حاضر ہو کر جواب دعویٰ داخل کرے بصورت دیگر کارروائی یکطرفہ عمل میں لائی جائے گی۔ آج بتاریخ جاری ہوا دستخط و مہر عدالت سے۔ یہ اشتہار بابت مقدمہ دائرہ درخواست سرٹیفکیٹ جانشینی و دیگر امور متعلقہ فریقین کے لئے شائع کیا جا رہا ہے حسب ضابطہ بذریعہ اشتہار ہذا مطلع کیا جاتا ہے کہ مسمی مذکور کو اطلاع دی جاتی ہے کہ بروز مقررہ تاریخ پیشی پر عدالت ہذا میں حاضر ہو کر جواب دعویٰ داخل کرے بصورت دیگر کارروائی یکطرفہ عمل میں لائی جائے گی۔ آج بتاریخ جاری ہوا دستخط و مہر عدالت سے۔ یہ اشتہار بابت مقدمہ دائرہ درخواست سرٹیفکیٹ جانشینی و دیگر امور متعلقہ فریقین کے لئے شائع کیا جا رہا ہے حسب ضابطہ بذریعہ اشتہار ہذا مطلع کیا جاتا ہے کہ مسمی مذکور کو اطلاع دی جاتی ہے کہ بروز مقررہ تاریخ پیشی پر عدالت ہذا میں حاضر ہو کر جواب دعویٰ داخل کرے بصورت دیگر کارروائی یکطرفہ عمل میں لائی جائے گی۔ آج بتاریخ جاری ہوا دستخط و مہر عدالت سے۔ یہ اشتہار بابت مقدمہ دائرہ درخواست سرٹیفکیٹ جانشینی و دیگر امور متعلقہ فریقین کے لئے شائع کیا جا رہا ہے
26
اشتہار
حسب ضابطہ بذریعہ اشتہار ہذا مطلع کیا جاتا ہے کہ مسمی مذکور کو اطلاع دی جاتی ہے کہ بروز مقررہ تاریخ پیشی پر عدالت ہذا میں حاضر ہو کر جواب دعویٰ داخل کرے بصورت دیگر کارروائی یکطرفہ عمل میں لائی جائے گی۔ آج بتاریخ جاری ہوا دستخط و مہر عدالت سے۔ یہ اشتہار بابت مقدمہ دائرہ درخواست سرٹیفکیٹ جانشینی و دیگر امور متعلقہ فریقین کے لئے شائع کیا جا رہا ہے حسب ضابطہ بذریعہ اشتہار ہذا مطلع کیا جاتا ہے کہ مسمی مذکور کو اطلاع دی جاتی ہے کہ بروز مقررہ تاریخ پیشی پر عدالت ہذا میں حاضر ہو کر جواب دعویٰ داخل کرے بصورت دیگر کارروائی یکطرفہ عمل میں لائی جائے گی۔ آج بتاریخ جاری ہوا دستخط و مہر عدالت سے۔ یہ اشتہار بابت مقدمہ دائرہ درخواست سرٹیفکیٹ جانشینی و دیگر امور متعلقہ فریقین کے لئے شائع کیا جا رہا ہے حسب ضابطہ بذریعہ اشتہار ہذا مطلع کیا جاتا ہے کہ مسمی مذکور کو اطلاع دی جاتی ہے کہ بروز مقررہ تاریخ پیشی پر عدالت ہذا میں حاضر ہو کر جواب دعویٰ داخل کرے بصورت دیگر کارروائی یکطرفہ عمل میں لائی جائے گی۔ آج بتاریخ جاری ہوا دستخط و مہر عدالت سے۔ یہ اشتہار بابت مقدمہ دائرہ درخواست سرٹیفکیٹ جانشینی و دیگر امور متعلقہ فریقین کے لئے شائع کیا جا رہا ہے
27
اشتہار
حسب ضابطہ بذریعہ اشتہار ہذا مطلع کیا جاتا ہے کہ مسمی مذکور کو اطلاع دی جاتی ہے کہ بروز مقررہ تاریخ پیشی پر عدالت ہذا میں حاضر ہو کر جواب دعویٰ داخل کرے بصورت دیگر کارروائی یکطرفہ عمل میں لائی جائے گی۔ آج بتاریخ جاری ہوا دستخط و مہر عدالت سے۔ یہ اشتہار بابت مقدمہ دائرہ درخواست سرٹیفکیٹ جانشینی و دیگر امور متعلقہ فریقین کے لئے شائع کیا جا رہا ہے حسب ضابطہ بذریعہ اشتہار ہذا مطلع کیا جاتا ہے کہ مسمی مذکور کو اطلاع دی جاتی ہے کہ بروز مقررہ تاریخ پیشی پر عدالت ہذا میں حاضر ہو کر جواب دعویٰ داخل کرے بصورت دیگر کارروائی یکطرفہ عمل میں لائی جائے گی۔ آج بتاریخ جاری ہوا دستخط و مہر عدالت سے۔ یہ اشتہار بابت مقدمہ دائرہ درخواست سرٹیفکیٹ جانشینی و دیگر امور متعلقہ فریقین کے لئے شائع کیا جا رہا ہے حسب ضابطہ بذریعہ اشتہار ہذا مطلع کیا جاتا ہے کہ مسمی مذکور کو اطلاع دی جاتی ہے کہ بروز مقررہ تاریخ پیشی پر عدالت ہذا میں حاضر ہو کر جواب دعویٰ داخل کرے بصورت دیگر کارروائی یکطرفہ عمل میں لائی جائے گی۔ آج بتاریخ جاری ہوا دستخط و مہر عدالت سے۔ یہ اشتہار بابت مقدمہ دائرہ درخواست سرٹیفکیٹ جانشینی و دیگر امور متعلقہ فریقین کے لئے شائع کیا جا رہا ہے
28
اشتہار
حسب ضابطہ بذریعہ اشتہار ہذا مطلع کیا جاتا ہے کہ مسمی مذکور کو اطلاع دی جاتی ہے کہ بروز مقررہ تاریخ پیشی پر عدالت ہذا میں حاضر ہو کر جواب دعویٰ داخل کرے بصورت دیگر کارروائی یکطرفہ عمل میں لائی جائے گی۔ آج بتاریخ جاری ہوا دستخط و مہر عدالت سے۔ یہ اشتہار بابت مقدمہ دائرہ درخواست سرٹیفکیٹ جانشینی و دیگر امور متعلقہ فریقین کے لئے شائع کیا جا رہا ہے حسب ضابطہ بذریعہ اشتہار ہذا مطلع کیا جاتا ہے کہ مسمی مذکور کو اطلاع دی جاتی ہے کہ بروز مقررہ تاریخ پیشی پر عدالت ہذا میں حاضر ہو کر جواب دعویٰ داخل کرے بصورت دیگر کارروائی یکطرفہ عمل میں لائی جائے گی۔ آج بتاریخ جاری ہوا دستخط و مہر عدالت سے۔ یہ اشتہار بابت مقدمہ دائرہ درخواست سرٹیفکیٹ جانشینی و دیگر امور متعلقہ فریقین کے لئے شائع کیا جا رہا ہے حسب ضابطہ بذریعہ اشتہار ہذا مطلع کیا جاتا ہے کہ مسمی مذکور کو اطلاع دی جاتی ہے کہ بروز مقررہ تاریخ پیشی پر عدالت ہذا میں حاضر ہو کر جواب دعویٰ داخل کرے بصورت دیگر کارروائی یکطرفہ عمل میں لائی جائے گی۔ آج بتاریخ جاری ہوا دستخط و مہر عدالت سے۔ یہ اشتہار بابت مقدمہ دائرہ درخواست سرٹیفکیٹ جانشینی و دیگر امور متعلقہ فریقین کے لئے شائع کیا جا رہا ہے
29
اشتہار
حسب ضابطہ بذریعہ اشتہار ہذا مطلع کیا جاتا ہے کہ مسمی مذکور کو اطلاع دی جاتی ہے کہ بروز مقررہ تاریخ پیشی پر عدالت ہذا میں حاضر ہو کر جواب دعویٰ داخل کرے بصورت دیگر کارروائی یکطرفہ عمل میں لائی جائے گی۔ آج بتاریخ جاری ہوا دستخط و مہر عدالت سے۔ یہ اشتہار بابت مقدمہ دائرہ درخواست سرٹیفکیٹ جانشینی و دیگر امور متعلقہ فریقین کے لئے شائع کیا جا رہا ہے حسب ضابطہ بذریعہ اشتہار ہذا مطلع کیا جاتا ہے کہ مسمی مذکور کو اطلاع دی جاتی ہے کہ بروز مقررہ تاریخ پیشی پر عدالت ہذا میں حاضر ہو کر جواب دعویٰ داخل کرے بصورت دیگر کارروائی یکطرفہ عمل میں لائی جائے گی۔ آج بتاریخ جاری ہوا دستخط و مہر عدالت سے۔ یہ اشتہار بابت مقدمہ دائرہ درخواست سرٹیفکیٹ جانشینی و دیگر امور متعلقہ فریقین کے لئے شائع کیا جا رہا ہے حسب ضابطہ بذریعہ اشتہار ہذا مطلع کیا جاتا ہے کہ مسمی مذکور کو اطلاع دی جاتی ہے کہ بروز مقررہ تاریخ پیشی پر عدالت ہذا میں حاضر ہو کر جواب دعویٰ داخل کرے بصورت دیگر کارروائی یکطرفہ عمل میں لائی جائے گی۔ آج بتاریخ جاری ہوا دستخط و مہر عدالت سے۔ یہ اشتہار بابت مقدمہ دائرہ درخواست سرٹیفکیٹ جانشینی و دیگر امور متعلقہ فریقین کے لئے شائع کیا جا رہا ہے
30
اشتہار
حسب ضابطہ بذریعہ اشتہار ہذا مطلع کیا جاتا ہے کہ مسمی مذکور کو اطلاع دی جاتی ہے کہ بروز مقررہ تاریخ پیشی پر عدالت ہذا میں حاضر ہو کر جواب دعویٰ داخل کرے بصورت دیگر کارروائی یکطرفہ عمل میں لائی جائے گی۔ آج بتاریخ جاری ہوا دستخط و مہر عدالت سے۔ یہ اشتہار بابت مقدمہ دائرہ درخواست سرٹیفکیٹ جانشینی و دیگر امور متعلقہ فریقین کے لئے شائع کیا جا رہا ہے حسب ضابطہ بذریعہ اشتہار ہذا مطلع کیا جاتا ہے کہ مسمی مذکور کو اطلاع دی جاتی ہے کہ بروز مقررہ تاریخ پیشی پر عدالت ہذا میں حاضر ہو کر جواب دعویٰ داخل کرے بصورت دیگر کارروائی یکطرفہ عمل میں لائی جائے گی۔ آج بتاریخ جاری ہوا دستخط و مہر عدالت سے۔ یہ اشتہار بابت مقدمہ دائرہ درخواست سرٹیفکیٹ جانشینی و دیگر امور متعلقہ فریقین کے لئے شائع کیا جا رہا ہے حسب ضابطہ بذریعہ اشتہار ہذا مطلع کیا جاتا ہے کہ مسمی مذکور کو اطلاع دی جاتی ہے کہ بروز مقررہ تاریخ پیشی پر عدالت ہذا میں حاضر ہو کر جواب دعویٰ داخل کرے بصورت دیگر کارروائی یکطرفہ عمل میں لائی جائے گی۔ آج بتاریخ جاری ہوا دستخط و مہر عدالت سے۔ یہ اشتہار بابت مقدمہ دائرہ درخواست سرٹیفکیٹ جانشینی و دیگر امور متعلقہ فریقین کے لئے شائع کیا جا رہا ہے
31
اشتہار
حسب ضابطہ بذریعہ اشتہار ہذا مطلع کیا جاتا ہے کہ مسمی مذکور کو اطلاع دی جاتی ہے کہ بروز مقررہ تاریخ پیشی پر عدالت ہذا میں حاضر ہو کر جواب دعویٰ داخل کرے بصورت دیگر کارروائی یکطرفہ عمل میں لائی جائے گی۔ آج بتاریخ جاری ہوا دستخط و مہر عدالت سے۔ یہ اشتہار بابت مقدمہ دائرہ درخواست سرٹیفکیٹ جانشینی و دیگر امور متعلقہ فریقین کے لئے شائع کیا جا رہا ہے حسب ضابطہ بذریعہ اشتہار ہذا مطلع کیا جاتا ہے کہ مسمی مذکور کو اطلاع دی جاتی ہے کہ بروز مقررہ تاریخ پیشی پر عدالت ہذا میں حاضر ہو کر جواب دعویٰ داخل کرے بصورت دیگر کارروائی یکطرفہ عمل میں لائی جائے گی۔ آج بتاریخ جاری ہوا دستخط و مہر عدالت سے۔ یہ اشتہار بابت مقدمہ دائرہ درخواست سرٹیفکیٹ جانشینی و دیگر امور متعلقہ فریقین کے لئے شائع کیا جا رہا ہے حسب ضابطہ بذریعہ اشتہار ہذا مطلع کیا جاتا ہے کہ مسمی مذکور کو اطلاع دی جاتی ہے کہ بروز مقررہ تاریخ پیشی پر عدالت ہذا میں حاضر ہو کر جواب دعویٰ داخل کرے بصورت دیگر کارروائی یکطرفہ عمل میں لائی جائے گی۔ آج بتاریخ جاری ہوا دستخط و مہر عدالت سے۔ یہ اشتہار بابت مقدمہ دائرہ درخواست سرٹیفکیٹ جانشینی و دیگر امور متعلقہ فریقین کے لئے شائع کیا جا رہا ہے
32
اشتہار
حسب ضابطہ بذریعہ اشتہار ہذا مطلع کیا جاتا ہے کہ مسمی مذکور کو اطلاع دی جاتی ہے کہ بروز مقررہ تاریخ پیشی پر عدالت ہذا میں حاضر ہو کر جواب دعویٰ داخل کرے بصورت دیگر کارروائی یکطرفہ عمل میں لائی جائے گی۔ آج بتاریخ جاری ہوا دستخط و مہر عدالت سے۔ یہ اشتہار بابت مقدمہ دائرہ درخواست سرٹیفکیٹ جانشینی و دیگر امور متعلقہ فریقین کے لئے شائع کیا جا رہا ہے حسب ضابطہ بذریعہ اشتہار ہذا مطلع کیا جاتا ہے کہ مسمی مذکور کو اطلاع دی جاتی ہے کہ بروز مقررہ تاریخ پیشی پر عدالت ہذا میں حاضر ہو کر جواب دعویٰ داخل کرے بصورت دیگر کارروائی یکطرفہ عمل میں لائی جائے گی۔ آج بتاریخ جاری ہوا دستخط و مہر عدالت سے۔ یہ اشتہار بابت مقدمہ دائرہ درخواست سرٹیفکیٹ جانشینی و دیگر امور متعلقہ فریقین کے لئے شائع کیا جا رہا ہے حسب ضابطہ بذریعہ اشتہار ہذا مطلع کیا جاتا ہے کہ مسمی مذکور کو اطلاع دی جاتی ہے کہ بروز مقررہ تاریخ پیشی پر عدالت ہذا میں حاضر ہو کر جواب دعویٰ داخل کرے بصورت دیگر کارروائی یکطرفہ عمل میں لائی جائے گی۔ آج بتاریخ جاری ہوا دستخط و مہر عدالت سے۔ یہ اشتہار بابت مقدمہ دائرہ درخواست سرٹیفکیٹ جانشینی و دیگر امور متعلقہ فریقین کے لئے شائع کیا جا رہا ہے
33
اشتہار
حسب ضابطہ بذریعہ اشتہار ہذا مطلع کیا جاتا ہے کہ مسمی مذکور کو اطلاع دی جاتی ہے کہ بروز مقررہ تاریخ پیشی پر عدالت ہذا میں حاضر ہو کر جواب دعویٰ داخل کرے بصورت دیگر کارروائی یکطرفہ عمل میں لائی جائے گی۔ آج بتاریخ جاری ہوا دستخط و مہر عدالت سے۔ یہ اشتہار بابت مقدمہ دائرہ درخواست سرٹیفکیٹ جانشینی و دیگر امور متعلقہ فریقین کے لئے شائع کیا جا رہا ہے حسب ضابطہ بذریعہ اشتہار ہذا مطلع کیا جاتا ہے کہ مسمی مذکور کو اطلاع دی جاتی ہے کہ بروز مقررہ تاریخ پیشی پر عدالت ہذا میں حاضر ہو کر جواب دعویٰ داخل کرے بصورت دیگر کارروائی یکطرفہ عمل میں لائی جائے گی۔ آج بتاریخ جاری ہوا دستخط و مہر عدالت سے۔ یہ اشتہار بابت مقدمہ دائرہ درخواست سرٹیفکیٹ جانشینی و دیگر امور متعلقہ فریقین کے لئے شائع کیا جا رہا ہے حسب ضابطہ بذریعہ اشتہار ہذا مطلع کیا جاتا ہے کہ مسمی مذکور کو اطلاع دی جاتی ہے کہ بروز مقررہ تاریخ پیشی پر عدالت ہذا میں حاضر ہو کر جواب دعویٰ داخل کرے بصورت دیگر کارروائی یکطرفہ عمل میں لائی جائے گی۔ آج بتاریخ جاری ہوا دستخط و مہر عدالت سے۔ یہ اشتہار بابت مقدمہ دائرہ درخواست سرٹیفکیٹ جانشینی و دیگر امور متعلقہ فریقین کے لئے شائع کیا جا رہا ہے
34
اشتہار
حسب ضابطہ بذریعہ اشتہار ہذا مطلع کیا جاتا ہے کہ مسمی مذکور کو اطلاع دی جاتی ہے کہ بروز مقررہ تاریخ پیشی پر عدالت ہذا میں حاضر ہو کر جواب دعویٰ داخل کرے بصورت دیگر کارروائی یکطرفہ عمل میں لائی جائے گی۔ آج بتاریخ جاری ہوا دستخط و مہر عدالت سے۔ یہ اشتہار بابت مقدمہ دائرہ درخواست سرٹیفکیٹ جانشینی و دیگر امور متعلقہ فریقین کے لئے شائع کیا جا رہا ہے حسب ضابطہ بذریعہ اشتہار ہذا مطلع کیا جاتا ہے کہ مسمی مذکور کو اطلاع دی جاتی ہے کہ بروز مقررہ تاریخ پیشی پر عدالت ہذا میں حاضر ہو کر جواب دعویٰ داخل کرے بصورت دیگر کارروائی یکطرفہ عمل میں لائی جائے گی۔ آج بتاریخ جاری ہوا دستخط و مہر عدالت سے۔ یہ اشتہار بابت مقدمہ دائرہ درخواست سرٹیفکیٹ جانشینی و دیگر امور متعلقہ فریقین کے لئے شائع کیا جا رہا ہے حسب ضابطہ بذریعہ اشتہار ہذا مطلع کیا جاتا ہے کہ مسمی مذکور کو اطلاع دی جاتی ہے کہ بروز مقررہ تاریخ پیشی پر عدالت ہذا میں حاضر ہو کر جواب دعویٰ داخل کرے بصورت دیگر کارروائی یکطرفہ عمل میں لائی جائے گی۔ آج بتاریخ جاری ہوا دستخط و مہر عدالت سے۔ یہ اشتہار بابت مقدمہ دائرہ درخواست سرٹیفکیٹ جانشینی و دیگر امور متعلقہ فریقین کے لئے شائع کیا جا رہا ہے
35
اشتہار
حسب ضابطہ بذریعہ اشتہار ہذا مطلع کیا جاتا ہے کہ مسمی مذکور کو اطلاع دی جاتی ہے کہ بروز مقررہ تاریخ پیشی پر عدالت ہذا میں حاضر ہو کر جواب دعویٰ داخل کرے بصورت دیگر کارروائی یکطرفہ عمل میں لائی جائے گی۔ آج بتاریخ جاری ہوا دستخط و مہر عدالت سے۔ یہ اشتہار بابت مقدمہ دائرہ درخواست سرٹیفکیٹ جانشینی و دیگر امور متعلقہ فریقین کے لئے شائع کیا جا رہا ہے حسب ضابطہ بذریعہ اشتہار ہذا مطلع کیا جاتا ہے کہ مسمی مذکور کو اطلاع دی جاتی ہے کہ بروز مقررہ تاریخ پیشی پر عدالت ہذا میں حاضر ہو کر جواب دعویٰ داخل کرے بصورت دیگر کارروائی یکطرفہ عمل میں لائی جائے گی۔ آج بتاریخ جاری ہوا دستخط و مہر عدالت سے۔ یہ اشتہار بابت مقدمہ دائرہ درخواست سرٹیفکیٹ جانشینی و دیگر امور متعلقہ فریقین کے لئے شائع کیا جا رہا ہے حسب ضابطہ بذریعہ اشتہار ہذا مطلع کیا جاتا ہے کہ مسمی مذکور کو اطلاع دی جاتی ہے کہ بروز مقررہ تاریخ پیشی پر عدالت ہذا میں حاضر ہو کر جواب دعویٰ داخل کرے بصورت دیگر کارروائی یکطرفہ عمل میں لائی جائے گی۔ آج بتاریخ جاری ہوا دستخط و مہر عدالت سے۔ یہ اشتہار بابت مقدمہ دائرہ درخواست سرٹیفکیٹ جانشینی و دیگر امور متعلقہ فریقین کے لئے شائع کیا جا رہا ہے
36
اشتہار
حسب ضابطہ بذریعہ اشتہار ہذا مطلع کیا جاتا ہے کہ مسمی مذکور کو اطلاع دی جاتی ہے کہ بروز مقررہ تاریخ پیشی پر عدالت ہذا میں حاضر ہو کر جواب دعویٰ داخل کرے بصورت دیگر کارروائی یکطرفہ عمل میں لائی جائے گی۔ آج بتاریخ جاری ہوا دستخط و مہر عدالت سے۔ یہ اشتہار بابت مقدمہ دائرہ درخواست سرٹیفکیٹ جانشینی و دیگر امور متعلقہ فریقین کے لئے شائع کیا جا رہا ہے حسب ضابطہ بذریعہ اشتہار ہذا مطلع کیا جاتا ہے کہ مسمی مذکور کو اطلاع دی جاتی ہے کہ بروز مقررہ تاریخ پیشی پر عدالت ہذا میں حاضر ہو کر جواب دعویٰ داخل کرے بصورت دیگر کارروائی یکطرفہ عمل میں لائی جائے گی۔ آج بتاریخ جاری ہوا دستخط و مہر عدالت سے۔ یہ اشتہار بابت مقدمہ دائرہ درخواست سرٹیفکیٹ جانشینی و دیگر امور متعلقہ فریقین کے لئے شائع کیا جا رہا ہے حسب ضابطہ بذریعہ اشتہار ہذا مطلع کیا جاتا ہے کہ مسمی مذکور کو اطلاع دی جاتی ہے کہ بروز مقررہ تاریخ پیشی پر عدالت ہذا میں حاضر ہو کر جواب دعویٰ داخل کرے بصورت دیگر کارروائی یکطرفہ عمل میں لائی جائے گی۔ آج بتاریخ جاری ہوا دستخط و مہر عدالت سے۔ یہ اشتہار بابت مقدمہ دائرہ درخواست سرٹیفکیٹ جانشینی و دیگر امور متعلقہ فریقین کے لئے شائع کیا جا رہا ہے
37
اشتہار
حسب ضابطہ بذریعہ اشتہار ہذا مطلع کیا جاتا ہے کہ مسمی مذکور کو اطلاع دی جاتی ہے کہ بروز مقررہ تاریخ پیشی پر عدالت ہذا میں حاضر ہو کر جواب دعویٰ داخل کرے بصورت دیگر کارروائی یکطرفہ عمل میں لائی جائے گی۔ آج بتاریخ جاری ہوا دستخط و مہر عدالت سے۔ یہ اشتہار بابت مقدمہ دائرہ درخواست سرٹیفکیٹ جانشینی و دیگر امور متعلقہ فریقین کے لئے شائع کیا جا رہا ہے حسب ضابطہ بذریعہ اشتہار ہذا مطلع کیا جاتا ہے کہ مسمی مذکور کو اطلاع دی جاتی ہے کہ بروز مقررہ تاریخ پیشی پر عدالت ہذا میں حاضر ہو کر جواب دعویٰ داخل کرے بصورت دیگر کارروائی یکطرفہ عمل میں لائی جائے گی۔ آج بتاریخ جاری ہوا دستخط و مہر عدالت سے۔ یہ اشتہار بابت مقدمہ دائرہ درخواست سرٹیفکیٹ جانشینی و دیگر امور متعلقہ فریقین کے لئے شائع کیا جا رہا ہے حسب ضابطہ بذریعہ اشتہار ہذا مطلع کیا جاتا ہے کہ مسمی مذکور کو اطلاع دی جاتی ہے کہ بروز مقررہ تاریخ پیشی پر عدالت ہذا میں حاضر ہو کر جواب دعویٰ داخل کرے بصورت دیگر کارروائی یکطرفہ عمل میں لائی جائے گی۔ آج بتاریخ جاری ہوا دستخط و مہر عدالت سے۔ یہ اشتہار بابت مقدمہ دائرہ درخواست سرٹیفکیٹ جانشینی و دیگر امور متعلقہ فریقین کے لئے شائع کیا جا رہا ہے
38
اشتہار
حسب ضابطہ بذریعہ اشتہار ہذا مطلع کیا جاتا ہے کہ مسمی مذکور کو اطلاع دی جاتی ہے کہ بروز مقررہ تاریخ پیشی پر عدالت ہذا میں حاضر ہو کر جواب دعویٰ داخل کرے بصورت دیگر کارروائی یکطرفہ عمل میں لائی جائے گی۔ آج بتاریخ جاری ہوا دستخط و مہر عدالت سے۔ یہ اشتہار بابت مقدمہ دائرہ درخواست سرٹیفکیٹ جانشینی و دیگر امور متعلقہ فریقین کے لئے شائع کیا جا رہا ہے حسب ضابطہ بذریعہ اشتہار ہذا مطلع کیا جاتا ہے کہ مسمی مذکور کو اطلاع دی جاتی ہے کہ بروز مقررہ تاریخ پیشی پر عدالت ہذا میں حاضر ہو کر جواب دعویٰ داخل کرے بصورت دیگر کارروائی یکطرفہ عمل میں لائی جائے گی۔ آج بتاریخ جاری ہوا دستخط و مہر عدالت سے۔ یہ اشتہار بابت مقدمہ دائرہ درخواست سرٹیفکیٹ جانشینی و دیگر امور متعلقہ فریقین کے لئے شائع کیا جا رہا ہے حسب ضابطہ بذریعہ اشتہار ہذا مطلع کیا جاتا ہے کہ مسمی مذکور کو اطلاع دی جاتی ہے کہ بروز مقررہ تاریخ پیشی پر عدالت ہذا میں حاضر ہو کر جواب دعویٰ داخل کرے بصورت دیگر کارروائی یکطرفہ عمل میں لائی جائے گی۔ آج بتاریخ جاری ہوا دستخط و مہر عدالت سے۔ یہ اشتہار بابت مقدمہ دائرہ درخواست سرٹیفکیٹ جانشینی و دیگر امور متعلقہ فریقین کے لئے شائع کیا جا رہا ہے
39
اشتہار
حسب ضابطہ بذریعہ اشتہار ہذا مطلع کیا جاتا ہے کہ مسمی مذکور کو اطلاع دی جاتی ہے کہ بروز مقررہ تاریخ پیشی پر عدالت ہذا میں حاضر ہو کر جواب دعویٰ داخل کرے بصورت دیگر کارروائی یکطرفہ عمل میں لائی جائے گی۔ آج بتاریخ جاری ہوا دستخط و مہر عدالت سے۔ یہ اشتہار بابت مقدمہ دائرہ درخواست سرٹیفکیٹ جانشینی و دیگر امور متعلقہ فریقین کے لئے شائع کیا جا رہا ہے حسب ضابطہ بذریعہ اشتہار ہذا مطلع کیا جاتا ہے کہ مسمی مذکور کو اطلاع دی جاتی ہے کہ بروز مقررہ تاریخ پیشی پر عدالت ہذا میں حاضر ہو کر جواب دعویٰ داخل کرے بصورت دیگر کارروائی یکطرفہ عمل میں لائی جائے گی۔ آج بتاریخ جاری ہوا دستخط و مہر عدالت سے۔ یہ اشتہار بابت مقدمہ دائرہ درخواست سرٹیفکیٹ جانشینی و دیگر امور متعلقہ فریقین کے لئے شائع کیا جا رہا ہے حسب ضابطہ بذریعہ اشتہار ہذا مطلع کیا جاتا ہے کہ مسمی مذکور کو اطلاع دی جاتی ہے کہ بروز مقررہ تاریخ پیشی پر عدالت ہذا میں حاضر ہو کر جواب دعویٰ داخل کرے بصورت دیگر کارروائی یکطرفہ عمل میں لائی جائے گی۔ آج بتاریخ جاری ہوا دستخط و مہر عدالت سے۔ یہ اشتہار بابت مقدمہ دائرہ درخواست سرٹیفکیٹ جانشینی و دیگر امور متعلقہ فریقین کے لئے شائع کیا جا رہا ہے
40
اشتہار
حسب ضابطہ بذریعہ اشتہار ہذا مطلع کیا جاتا ہے کہ مسمی مذکور کو اطلاع دی جاتی ہے کہ بروز مقررہ تاریخ پیشی پر عدالت ہذا میں حاضر ہو کر جواب دعویٰ داخل کرے بصورت دیگر کارروائی یکطرفہ عمل میں لائی جائے گی۔ آج بتاریخ جاری ہوا دستخط و مہر عدالت سے۔ یہ اشتہار بابت مقدمہ دائرہ درخواست سرٹیفکیٹ جانشینی و دیگر امور متعلقہ فریقین کے لئے شائع کیا جا رہا ہے حسب ضابطہ بذریعہ اشتہار ہذا مطلع کیا جاتا ہے کہ مسمی مذکور کو اطلاع دی جاتی ہے کہ بروز مقررہ تاریخ پیشی پر عدالت ہذا میں حاضر ہو کر جواب دعویٰ داخل کرے بصورت دیگر کارروائی یکطرفہ عمل میں لائی جائے گی۔ آج بتاریخ جاری ہوا دستخط و مہر عدالت سے۔ یہ اشتہار بابت مقدمہ دائرہ درخواست سرٹیفکیٹ جانشینی و دیگر امور متعلقہ فریقین کے لئے شائع کیا جا رہا ہے حسب ضابطہ بذریعہ اشتہار ہذا مطلع کیا جاتا ہے کہ مسمی مذکور کو اطلاع دی جاتی ہے کہ بروز مقررہ تاریخ پیشی پر عدالت ہذا میں حاضر ہو کر جواب دعویٰ داخل کرے بصورت دیگر کارروائی یکطرفہ عمل میں لائی جائے گی۔ آج بتاریخ جاری ہوا دستخط و مہر عدالت سے۔ یہ اشتہار بابت مقدمہ دائرہ درخواست سرٹیفکیٹ جانشینی و دیگر امور متعلقہ فریقین کے لئے شائع کیا جا رہا ہے
41
اشتہار
حسب ضابطہ بذریعہ اشتہار ہذا مطلع کیا جاتا ہے کہ مسمی مذکور کو اطلاع دی جاتی ہے کہ بروز مقررہ تاریخ پیشی پر عدالت ہذا میں حاضر ہو کر جواب دعویٰ داخل کرے بصورت دیگر کارروائی یکطرفہ عمل میں لائی جائے گی۔ آج بتاریخ جاری ہوا دستخط و مہر عدالت سے۔ یہ اشتہار بابت مقدمہ دائرہ درخواست سرٹیفکیٹ جانشینی و دیگر امور متعلقہ فریقین کے لئے شائع کیا جا رہا ہے حسب ضابطہ بذریعہ اشتہار ہذا مطلع کیا جاتا ہے کہ مسمی مذکور کو اطلاع دی جاتی ہے کہ بروز مقررہ تاریخ پیشی پر عدالت ہذا میں حاضر ہو کر جواب دعویٰ داخل کرے بصورت دیگر کارروائی یکطرفہ عمل میں لائی جائے گی۔ آج بتاریخ جاری ہوا دستخط و مہر عدالت سے۔ یہ اشتہار بابت مقدمہ دائرہ درخواست سرٹیفکیٹ جانشینی و دیگر امور متعلقہ فریقین کے لئے شائع کیا جا رہا ہے حسب ضابطہ بذریعہ اشتہار ہذا مطلع کیا جاتا ہے کہ مسمی مذکور کو اطلاع دی جاتی ہے کہ بروز مقررہ تاریخ پیشی پر عدالت ہذا میں حاضر ہو کر جواب دعویٰ داخل کرے بصورت دیگر کارروائی یکطرفہ عمل میں لائی جائے گی۔ آج بتاریخ جاری ہوا دستخط و مہر عدالت سے۔ یہ اشتہار بابت مقدمہ دائرہ درخواست سرٹیفکیٹ جانشینی و دیگر امور متعلقہ فریقین کے لئے شائع کیا جا رہا ہے
42
اشتہار
حسب ضابطہ بذریعہ اشتہار ہذا مطلع کیا جاتا ہے کہ مسمی مذکور کو اطلاع دی جاتی ہے کہ بروز مقررہ تاریخ پیشی پر عدالت ہذا میں حاضر ہو کر جواب دعویٰ داخل کرے بصورت دیگر کارروائی یکطرفہ عمل میں لائی جائے گی۔ آج بتاریخ جاری ہوا دستخط و مہر عدالت سے۔ یہ اشتہار بابت مقدمہ دائرہ درخواست سرٹیفکیٹ جانشینی و دیگر امور متعلقہ فریقین کے لئے شائع کیا جا رہا ہے حسب ضابطہ بذریعہ اشتہار ہذا مطلع کیا جاتا ہے کہ مسمی مذکور کو اطلاع دی جاتی ہے کہ بروز مقررہ تاریخ پیشی پر عدالت ہذا میں حاضر ہو کر جواب دعویٰ داخل کرے بصورت دیگر کارروائی یکطرفہ عمل میں لائی جائے گی۔ آج بتاریخ جاری ہوا دستخط و مہر عدالت سے۔ یہ اشتہار بابت مقدمہ دائرہ درخواست سرٹیفکیٹ جانشینی و دیگر امور متعلقہ فریقین کے لئے شائع کیا جا رہا ہے حسب ضابطہ بذریعہ اشتہار ہذا مطلع کیا جاتا ہے کہ مسمی مذکور کو اطلاع دی جاتی ہے کہ بروز مقررہ تاریخ پیشی پر عدالت ہذا میں حاضر ہو کر جواب دعویٰ داخل کرے بصورت دیگر کارروائی یکطرفہ عمل میں لائی جائے گی۔ آج بتاریخ جاری ہوا دستخط و مہر عدالت سے۔ یہ اشتہار بابت مقدمہ دائرہ درخواست سرٹیفکیٹ جانشینی و دیگر امور متعلقہ فریقین کے لئے شائع کیا جا رہا ہے
43
اشتہار
حسب ضابطہ بذریعہ اشتہار ہذا مطلع کیا جاتا ہے کہ مسمی مذکور کو اطلاع دی جاتی ہے کہ بروز مقررہ تاریخ پیشی پر عدالت ہذا میں حاضر ہو کر جواب دعویٰ داخل کرے بصورت دیگر کارروائی یکطرفہ عمل میں لائی جائے گی۔ آج بتاریخ جاری ہوا دستخط و مہر عدالت سے۔ یہ اشتہار بابت مقدمہ دائرہ درخواست سرٹیفکیٹ جانشینی و دیگر امور متعلقہ فریقین کے لئے شائع کیا جا رہا ہے حسب ضابطہ بذریعہ اشتہار ہذا مطلع کیا جاتا ہے کہ مسمی مذکور کو اطلاع دی جاتی ہے کہ بروز مقررہ تاریخ پیشی پر عدالت ہذا میں حاضر ہو کر جواب دعویٰ داخل کرے بصورت دیگر کارروائی یکطرفہ عمل میں لائی جائے گی۔ آج بتاریخ جاری ہوا دستخط و مہر عدالت سے۔ یہ اشتہار بابت مقدمہ دائرہ درخواست سرٹیفکیٹ جانشینی و دیگر امور متعلقہ فریقین کے لئے شائع کیا جا رہا ہے حسب ضابطہ بذریعہ اشتہار ہذا مطلع کیا جاتا ہے کہ مسمی مذکور کو اطلاع دی جاتی ہے کہ بروز مقررہ تاریخ پیشی پر عدالت ہذا میں حاضر ہو کر جواب دعویٰ داخل کرے بصورت دیگر کارروائی یکطرفہ عمل میں لائی جائے گی۔ آج بتاریخ جاری ہوا دستخط و مہر عدالت سے۔ یہ اشتہار بابت مقدمہ دائرہ درخواست سرٹیفکیٹ جانشینی و دیگر امور متعلقہ فریقین کے لئے شائع کیا جا رہا ہے
44
اشتہار
حسب ضابطہ بذریعہ اشتہار ہذا مطلع کیا جاتا ہے کہ مسمی مذکور کو اطلاع دی جاتی ہے کہ بروز مقررہ تاریخ پیشی پر عدالت ہذا میں حاضر ہو کر جواب دعویٰ داخل کرے بصورت دیگر کارروائی یکطرفہ عمل میں لائی جائے گی۔ آج بتاریخ جاری ہوا دستخط و مہر عدالت سے۔ یہ اشتہار بابت مقدمہ دائرہ درخواست سرٹیفکیٹ جانشینی و دیگر امور متعلقہ فریقین کے لئے شائع کیا جا رہا ہے حسب ضابطہ بذریعہ اشتہار ہذا مطلع کیا جاتا ہے کہ مسمی مذکور کو اطلاع دی جاتی ہے کہ بروز مقررہ تاریخ پیشی پر عدالت ہذا میں حاضر ہو کر جواب دعویٰ داخل کرے بصورت دیگر کارروائی یکطرفہ عمل میں لائی جائے گی۔ آج بتاریخ جاری ہوا دستخط و مہر عدالت سے۔ یہ اشتہار بابت مقدمہ دائرہ درخواست سرٹیفکیٹ جانشینی و دیگر امور متعلقہ فریقین کے لئے شائع کیا جا رہا ہے حسب ضابطہ بذریعہ اشتہار ہذا مطلع کیا جاتا ہے کہ مسمی مذکور کو اطلاع دی جاتی ہے کہ بروز مقررہ تاریخ پیشی پر عدالت ہذا میں حاضر ہو کر جواب دعویٰ داخل کرے بصورت دیگر کارروائی یکطرفہ عمل میں لائی جائے گی۔ آج بتاریخ جاری ہوا دستخط و مہر عدالت سے۔ یہ اشتہار بابت مقدمہ دائرہ درخواست سرٹیفکیٹ جانشینی و دیگر امور متعلقہ فریقین کے لئے شائع کیا جا رہا ہے
45
اشتہار
حسب ضابطہ بذریعہ اشتہار ہذا مطلع کیا جاتا ہے کہ مسمی مذکور کو اطلاع دی جاتی ہے کہ بروز مقررہ تاریخ پیشی پر عدالت ہذا میں حاضر ہو کر جواب دعویٰ داخل کرے بصورت دیگر کارروائی یکطرفہ عمل میں لائی جائے گی۔ آج بتاریخ جاری ہوا دستخط و مہر عدالت سے۔ یہ اشتہار بابت مقدمہ دائرہ درخواست سرٹیفکیٹ جانشینی و دیگر امور متعلقہ فریقین کے لئے شائع کیا جا رہا ہے حسب ضابطہ بذریعہ اشتہار ہذا مطلع کیا جاتا ہے کہ مسمی مذکور کو اطلاع دی جاتی ہے کہ بروز مقررہ تاریخ پیشی پر عدالت ہذا میں حاضر ہو کر جواب دعویٰ داخل کرے بصورت دیگر کارروائی یکطرفہ عمل میں لائی جائے گی۔ آج بتاریخ جاری ہوا دستخط و مہر عدالت سے۔ یہ اشتہار بابت مقدمہ دائرہ درخواست سرٹیفکیٹ جانشینی و دیگر امور متعلقہ فریقین کے لئے شائع کیا جا رہا ہے حسب ضابطہ بذریعہ اشتہار ہذا مطلع کیا جاتا ہے کہ مسمی مذکور کو اطلاع دی جاتی ہے کہ بروز مقررہ تاریخ پیشی پر عدالت ہذا میں حاضر ہو کر جواب دعویٰ داخل کرے بصورت دیگر کارروائی یکطرفہ عمل میں لائی جائے گی۔ آج بتاریخ جاری ہوا دستخط و مہر عدالت سے۔ یہ اشتہار بابت مقدمہ دائرہ درخواست سرٹیفکیٹ جانشینی و دیگر امور متعلقہ فریقین کے لئے شائع کیا جا رہا ہے
46
اشتہار
حسب ضابطہ بذریعہ اشتہار ہذا مطلع کیا جاتا ہے کہ مسمی مذکور کو اطلاع دی جاتی ہے کہ بروز مقررہ تاریخ پیشی پر عدالت ہذا میں حاضر ہو کر جواب دعویٰ داخل کرے بصورت دیگر کارروائی یکطرفہ عمل میں لائی جائے گی۔ آج بتاریخ جاری ہوا دستخط و مہر عدالت سے۔ یہ اشتہار بابت مقدمہ دائرہ درخواست سرٹیفکیٹ جانشینی و دیگر امور متعلقہ فریقین کے لئے شائع کیا جا رہا ہے حسب ضابطہ بذریعہ اشتہار ہذا مطلع کیا جاتا ہے کہ مسمی مذکور کو اطلاع دی جاتی ہے کہ بروز مقررہ تاریخ پیشی پر عدالت ہذا میں حاضر ہو کر جواب دعویٰ داخل کرے بصورت دیگر کارروائی یکطرفہ عمل میں لائی جائے گی۔ آج بتاریخ جاری ہوا دستخط و مہر عدالت سے۔ یہ اشتہار بابت مقدمہ دائرہ درخواست سرٹیفکیٹ جانشینی و دیگر امور متعلقہ فریقین کے لئے شائع کیا جا رہا ہے حسب ضابطہ بذریعہ اشتہار ہذا مطلع کیا جاتا ہے کہ مسمی مذکور کو اطلاع دی جاتی ہے کہ بروز مقررہ تاریخ پیشی پر عدالت ہذا میں حاضر ہو کر جواب دعویٰ داخل کرے بصورت دیگر کارروائی یکطرفہ عمل میں لائی جائے گی۔ آج بتاریخ جاری ہوا دستخط و مہر عدالت سے۔ یہ اشتہار بابت مقدمہ دائرہ درخواست سرٹیفکیٹ جانشینی و دیگر امور متعلقہ فریقین کے لئے شائع کیا جا رہا ہے
47
اشتہار
حسب ضابطہ بذریعہ اشتہار ہذا مطلع کیا جاتا ہے کہ مسمی مذکور کو اطلاع دی جاتی ہے کہ بروز مقررہ تاریخ پیشی پر عدالت ہذا میں حاضر ہو کر جواب دعویٰ داخل کرے بصورت دیگر کارروائی یکطرفہ عمل میں لائی جائے گی۔ آج بتاریخ جاری ہوا دستخط و مہر عدالت سے۔ یہ اشتہار بابت مقدمہ دائرہ درخواست سرٹیفکیٹ جانشینی و دیگر امور متعلقہ فریقین کے لئے شائع کیا جا رہا ہے حسب ضابطہ بذریعہ اشتہار ہذا مطلع کیا جاتا ہے کہ مسمی مذکور کو اطلاع دی جاتی ہے کہ بروز مقررہ تاریخ پیشی پر عدالت ہذا میں حاضر ہو کر جواب دعویٰ داخل کرے بصورت دیگر کارروائی یکطرفہ عمل میں لائی جائے گی۔ آج بتاریخ جاری ہوا دستخط و مہر عدالت سے۔ یہ اشتہار بابت مقدمہ دائرہ درخواست سرٹیفکیٹ جانشینی و دیگر امور متعلقہ فریقین کے لئے شائع کیا جا رہا ہے حسب ضابطہ بذریعہ اشتہار ہذا مطلع کیا جاتا ہے کہ مسمی مذکور کو اطلاع دی جاتی ہے کہ بروز مقررہ تاریخ پیشی پر عدالت ہذا میں حاضر ہو کر جواب دعویٰ داخل کرے بصورت دیگر کارروائی یکطرفہ عمل میں لائی جائے گی۔ آج بتاریخ جاری ہوا دستخط و مہر عدالت سے۔ یہ اشتہار بابت مقدمہ دائرہ درخواست سرٹیفکیٹ جانشینی و دیگر امور متعلقہ فریقین کے لئے شائع کیا جا رہا ہے
48
اشتہار
حسب ضابطہ بذریعہ اشتہار ہذا مطلع کیا جاتا ہے کہ مسمی مذکور کو اطلاع دی جاتی ہے کہ بروز مقررہ تاریخ پیشی پر عدالت ہذا میں حاضر ہو کر جواب دعویٰ داخل کرے بصورت دیگر کارروائی یکطرفہ عمل میں لائی جائے گی۔ آج بتاریخ جاری ہوا دستخط و مہر عدالت سے۔ یہ اشتہار بابت مقدمہ دائرہ درخواست سرٹیفکیٹ جانشینی و دیگر امور متعلقہ فریقین کے لئے شائع کیا جا رہا ہے حسب ضابطہ بذریعہ اشتہار ہذا مطلع کیا جاتا ہے کہ مسمی مذکور کو اطلاع دی جاتی ہے کہ بروز مقررہ تاریخ پیشی پر عدالت ہذا میں حاضر ہو کر جواب دعویٰ داخل کرے بصورت دیگر کارروائی یکطرفہ عمل میں لائی جائے گی۔ آج بتاریخ جاری ہوا دستخط و مہر عدالت سے۔ یہ اشتہار بابت مقدمہ دائرہ درخواست سرٹیفکیٹ جانشینی و دیگر امور متعلقہ فریقین کے لئے شائع کیا جا رہا ہے حسب ضابطہ بذریعہ اشتہار ہذا مطلع کیا جاتا ہے کہ مسمی مذکور کو اطلاع دی جاتی ہے کہ بروز مقررہ تاریخ پیشی پر عدالت ہذا میں حاضر ہو کر جواب دعویٰ داخل کرے بصورت دیگر کارروائی یکطرفہ عمل میں لائی جائے گی۔ آج بتاریخ جاری ہوا دستخط و مہر عدالت سے۔ یہ اشتہار بابت مقدمہ دائرہ درخواست سرٹیفکیٹ جانشینی و دیگر امور متعلقہ فریقین کے لئے شائع کیا جا رہا ہے
49
اشتہار
حسب ضابطہ بذریعہ اشتہار ہذا مطلع کیا جاتا ہے کہ مسمی مذکور کو اطلاع دی جاتی ہے کہ بروز مقررہ تاریخ پیشی پر عدالت ہذا میں حاضر ہو کر جواب دعویٰ داخل کرے بصورت دیگر کارروائی یکطرفہ عمل میں لائی جائے گی۔ آج بتاریخ جاری ہوا دستخط و مہر عدالت سے۔ یہ اشتہار بابت مقدمہ دائرہ درخواست سرٹیفکیٹ جانشینی و دیگر امور متعلقہ فریقین کے لئے شائع کیا جا رہا ہے حسب ضابطہ بذریعہ اشتہار ہذا مطلع کیا جاتا ہے کہ مسمی مذکور کو اطلاع دی جاتی ہے کہ بروز مقررہ تاریخ پیشی پر عدالت ہذا میں حاضر ہو کر جواب دعویٰ داخل کرے بصورت دیگر کارروائی یکطرفہ عمل میں لائی جائے گی۔ آج بتاریخ جاری ہوا دستخط و مہر عدالت سے۔ یہ اشتہار بابت مقدمہ دائرہ درخواست سرٹیفکیٹ جانشینی و دیگر امور متعلقہ فریقین کے لئے شائع کیا جا رہا ہے حسب ضابطہ بذریعہ اشتہار ہذا مطلع کیا جاتا ہے کہ مسمی مذکور کو اطلاع دی جاتی ہے کہ بروز مقررہ تاریخ پیشی پر عدالت ہذا میں حاضر ہو کر جواب دعویٰ داخل کرے بصورت دیگر کارروائی یکطرفہ عمل میں لائی جائے گی۔ آج بتاریخ جاری ہوا دستخط و مہر عدالت سے۔ یہ اشتہار بابت مقدمہ دائرہ درخواست سرٹیفکیٹ جانشینی و دیگر امور متعلقہ فریقین کے لئے شائع کیا جا رہا ہے
50
اشتہار
حسب ضابطہ بذریعہ اشتہار ہذا مطلع کیا جاتا ہے کہ مسمی مذکور کو اطلاع دی جاتی ہے کہ بروز مقررہ تاریخ پیشی پر عدالت ہذا میں حاضر ہو کر جواب دعویٰ داخل کرے بصورت دیگر کارروائی یکطرفہ عمل میں لائی جائے گی۔ آج بتاریخ جاری ہوا دستخط و مہر عدالت سے۔ یہ اشتہار بابت مقدمہ دائرہ درخواست سرٹیفکیٹ جانشینی و دیگر امور متعلقہ فریقین کے لئے شائع کیا جا رہا ہے حسب ضابطہ بذریعہ اشتہار ہذا مطلع کیا جاتا ہے کہ مسمی مذکور کو اطلاع دی جاتی ہے کہ بروز مقررہ تاریخ پیشی پر عدالت ہذا میں حاضر ہو کر جواب دعویٰ داخل کرے بصورت دیگر کارروائی یکطرفہ عمل میں لائی جائے گی۔ آج بتاریخ جاری ہوا دستخط و مہر عدالت سے۔ یہ اشتہار بابت مقدمہ دائرہ درخواست سرٹیفکیٹ جانشینی و دیگر امور متعلقہ فریقین کے لئے شائع کیا جا رہا ہے حسب ضابطہ بذریعہ اشتہار ہذا مطلع کیا جاتا ہے کہ مسمی مذکور کو اطلاع دی جاتی ہے کہ بروز مقررہ تاریخ پیشی پر عدالت ہذا میں حاضر ہو کر جواب دعویٰ داخل کرے بصورت دیگر کارروائی یکطرفہ عمل میں لائی جائے گی۔ آج بتاریخ جاری ہوا دستخط و مہر عدالت سے۔ یہ اشتہار بابت مقدمہ دائرہ درخواست سرٹیفکیٹ جانشینی و دیگر امور متعلقہ فریقین کے لئے شائع کیا جا رہا ہے
51
اشتہار
حسب ضابطہ بذریعہ اشتہار ہذا مطلع کیا جاتا ہے کہ مسمی مذکور کو اطلاع دی جاتی ہے کہ بروز مقررہ تاریخ پیشی پر عدالت ہذا میں حاضر ہو کر جواب دعویٰ داخل کرے بصورت دیگر کارروائی یکطرفہ عمل میں لائی جائے گی۔ آج بتاریخ جاری ہوا دستخط و مہر عدالت سے۔ یہ اشتہار بابت مقدمہ دائرہ درخواست سرٹیفکیٹ جانشینی و دیگر امور متعلقہ فریقین کے لئے شائع کیا جا رہا ہے حسب ضابطہ بذریعہ اشتہار ہذا مطلع کیا جاتا ہے کہ مسمی مذکور کو اطلاع دی جاتی ہے کہ بروز مقررہ تاریخ پیشی پر عدالت ہذا میں حاضر ہو کر جواب دعویٰ داخل کرے بصورت دیگر کارروائی یکطرفہ عمل میں لائی جائے گی۔ آج بتاریخ جاری ہوا دستخط و مہر عدالت سے۔ یہ اشتہار بابت مقدمہ دائرہ درخواست سرٹیفکیٹ جانشینی و دیگر امور متعلقہ فریقین کے لئے شائع کیا جا رہا ہے حسب ضابطہ بذریعہ اشتہار ہذا مطلع کیا جاتا ہے کہ مسمی مذکور کو اطلاع دی جاتی ہے کہ بروز مقررہ تاریخ پیشی پر عدالت ہذا میں حاضر ہو کر جواب دعویٰ داخل کرے بصورت دیگر کارروائی یکطرفہ عمل میں لائی جائے گی۔ آج بتاریخ جاری ہوا دستخط و مہر عدالت سے۔ یہ اشتہار بابت مقدمہ دائرہ درخواست سرٹیفکیٹ جانشینی و دیگر امور متعلقہ فریقین کے لئے شائع کیا جا رہا ہے
52
اشتہار
حسب ضابطہ بذریعہ اشتہار ہذا مطلع کیا جاتا ہے کہ مسمی مذکور کو اطلاع دی جاتی ہے کہ بروز مقررہ تاریخ پیشی پر عدالت ہذا میں حاضر ہو کر جواب دعویٰ داخل کرے بصورت دیگر کارروائی یکطرفہ عمل میں لائی جائے گی۔ آج بتاریخ جاری ہوا دستخط و مہر عدالت سے۔ یہ اشتہار بابت مقدمہ دائرہ درخواست سرٹیفکیٹ جانشینی و دیگر امور متعلقہ فریقین کے لئے شائع کیا جا رہا ہے حسب ضابطہ بذریعہ اشتہار ہذا مطلع کیا جاتا ہے کہ مسمی مذکور کو اطلاع دی جاتی ہے کہ بروز مقررہ تاریخ پیشی پر عدالت ہذا میں حاضر ہو کر جواب دعویٰ داخل کرے بصورت دیگر کارروائی یکطرفہ عمل میں لائی جائے گی۔ آج بتاریخ جاری ہوا دستخط و مہر عدالت سے۔ یہ اشتہار بابت مقدمہ دائرہ درخواست سرٹیفکیٹ جانشینی و دیگر امور متعلقہ فریقین کے لئے شائع کیا جا رہا ہے حسب ضابطہ بذریعہ اشتہار ہذا مطلع کیا جاتا ہے کہ مسمی مذکور کو اطلاع دی جاتی ہے کہ بروز مقررہ تاریخ پیشی پر عدالت ہذا میں حاضر ہو کر جواب دعویٰ داخل کرے بصورت دیگر کارروائی یکطرفہ عمل میں لائی جائے گی۔ آج بتاریخ جاری ہوا دستخط و مہر عدالت سے۔ یہ اشتہار بابت مقدمہ دائرہ درخواست سرٹیفکیٹ جانشینی و دیگر امور متعلقہ فریقین کے لئے شائع کیا جا رہا ہے
53
اشتہار
حسب ضابطہ بذریعہ اشتہار ہذا مطلع کیا جاتا ہے کہ مسمی مذکور کو اطلاع دی جاتی ہے کہ بروز مقررہ تاریخ پیشی پر عدالت ہذا میں حاضر ہو کر جواب دعویٰ داخل کرے بصورت دیگر کارروائی یکطرفہ عمل میں لائی جائے گی۔ آج بتاریخ جاری ہوا دستخط و مہر عدالت سے۔ یہ اشتہار بابت مقدمہ دائرہ درخواست سرٹیفکیٹ جانشینی و دیگر امور متعلقہ فریقین کے لئے شائع کیا جا رہا ہے حسب ضابطہ بذریعہ اشتہار ہذا مطلع کیا جاتا ہے کہ مسمی مذکور کو اطلاع دی جاتی ہے کہ بروز مقررہ تاریخ پیشی پر عدالت ہذا میں حاضر ہو کر جواب دعویٰ داخل کرے بصورت دیگر کارروائی یکطرفہ عمل میں لائی جائے گی۔ آج بتاریخ جاری ہوا دستخط و مہر عدالت سے۔ یہ اشتہار بابت مقدمہ دائرہ درخواست سرٹیفکیٹ جانشینی و دیگر امور متعلقہ فریقین کے لئے شائع کیا جا رہا ہے حسب ضابطہ بذریعہ اشتہار ہذا مطلع کیا جاتا ہے کہ مسمی مذکور کو اطلاع دی جاتی ہے کہ بروز مقررہ تاریخ پیشی پر عدالت ہذا میں حاضر ہو کر جواب دعویٰ داخل کرے بصورت دیگر کارروائی یکطرفہ عمل میں لائی جائے گی۔ آج بتاریخ جاری ہوا دستخط و مہر عدالت سے۔ یہ اشتہار بابت مقدمہ دائرہ درخواست سرٹیفکیٹ جانشینی و دیگر امور متعلقہ فریقین کے لئے شائع کیا جا رہا ہے
54
اشتہار
حسب ضابطہ بذریعہ اشتہار ہذا مطلع کیا جاتا ہے کہ مسمی مذکور کو اطلاع دی جاتی ہے کہ بروز مقررہ تاریخ پیشی پر عدالت ہذا میں حاضر ہو کر جواب دعویٰ داخل کرے بصورت دیگر کارروائی یکطرفہ عمل میں لائی جائے گی۔ آج بتاریخ جاری ہوا دستخط و مہر عدالت سے۔ یہ اشتہار بابت مقدمہ دائرہ درخواست سرٹیفکیٹ جانشینی و دیگر امور متعلقہ فریقین کے لئے شائع کیا جا رہا ہے حسب ضابطہ بذریعہ اشتہار ہذا مطلع کیا جاتا ہے کہ مسمی مذکور کو اطلاع دی جاتی ہے کہ بروز مقررہ تاریخ پیشی پر عدالت ہذا میں حاضر ہو کر جواب دعویٰ داخل کرے بصورت دیگر کارروائی یکطرفہ عمل میں لائی جائے گی۔ آج بتاریخ جاری ہوا دستخط و مہر عدالت سے۔ یہ اشتہار بابت مقدمہ دائرہ درخواست سرٹیفکیٹ جانشینی و دیگر امور متعلقہ فریقین کے لئے شائع کیا جا رہا ہے حسب ضابطہ بذریعہ اشتہار ہذا مطلع کیا جاتا ہے کہ مسمی مذکور کو اطلاع دی جاتی ہے کہ بروز مقررہ تاریخ پیشی پر عدالت ہذا میں حاضر ہو کر جواب دعویٰ داخل کرے بصورت دیگر کارروائی یکطرفہ عمل میں لائی جائے گی۔ آج بتاریخ جاری ہوا دستخط و مہر عدالت سے۔ یہ اشتہار بابت مقدمہ دائرہ درخواست سرٹیفکیٹ جانشینی و دیگر امور متعلقہ فریقین کے لئے شائع کیا جا رہا ہے
55
اشتہار
حسب ضابطہ بذریعہ اشتہار ہذا مطلع کیا جاتا ہے کہ مسمی مذکور کو اطلاع دی جاتی ہے کہ بروز مقررہ تاریخ پیشی پر عدالت ہذا میں حاضر ہو کر جواب دعویٰ داخل کرے بصورت دیگر کارروائی یکطرفہ عمل میں لائی جائے گی۔ آج بتاریخ جاری ہوا دستخط و مہر عدالت سے۔ یہ اشتہار بابت مقدمہ دائرہ درخواست سرٹیفکیٹ جانشینی و دیگر امور متعلقہ فریقین کے لئے شائع کیا جا رہا ہے حسب ضابطہ بذریعہ اشتہار ہذا مطلع کیا جاتا ہے کہ مسمی مذکور کو اطلاع دی جاتی ہے کہ بروز مقررہ تاریخ پیشی پر عدالت ہذا میں حاضر ہو کر جواب دعویٰ داخل کرے بصورت دیگر کارروائی یکطرفہ عمل میں لائی جائے گی۔ آج بتاریخ جاری ہوا دستخط و مہر عدالت سے۔ یہ اشتہار بابت مقدمہ دائرہ درخواست سرٹیفکیٹ جانشینی و دیگر امور متعلقہ فریقین کے لئے شائع کیا جا رہا ہے حسب ضابطہ بذریعہ اشتہار ہذا مطلع کیا جاتا ہے کہ مسمی مذکور کو اطلاع دی جاتی ہے کہ بروز مقررہ تاریخ پیشی پر عدالت ہذا میں حاضر ہو کر جواب دعویٰ داخل کرے بصورت دیگر کارروائی یکطرفہ عمل میں لائی جائے گی۔ آج بتاریخ جاری ہوا دستخط و مہر عدالت سے۔ یہ اشتہار بابت مقدمہ دائرہ درخواست سرٹیفکیٹ جانشینی و دیگر امور متعلقہ فریقین کے لئے شائع کیا جا رہا ہے
56
اشتہار
حسب ضابطہ بذریعہ اشتہار ہذا مطلع کیا جاتا ہے کہ مسمی مذکور کو اطلاع دی جاتی ہے کہ بروز مقررہ تاریخ پیشی پر عدالت ہذا میں حاضر ہو کر جواب دعویٰ داخل کرے بصورت دیگر کارروائی یکطرفہ عمل میں لائی جائے گی۔ آج بتاریخ جاری ہوا دستخط و مہر عدالت سے۔ یہ اشتہار بابت مقدمہ دائرہ درخواست سرٹیفکیٹ جانشینی و دیگر امور متعلقہ فریقین کے لئے شائع کیا جا رہا ہے حسب ضابطہ بذریعہ اشتہار ہذا مطلع کیا جاتا ہے کہ مسمی مذکور کو اطلاع دی جاتی ہے کہ بروز مقررہ تاریخ پیشی پر عدالت ہذا میں حاضر ہو کر جواب دعویٰ داخل کرے بصورت دیگر کارروائی یکطرفہ عمل میں لائی جائے گی۔ آج بتاریخ جاری ہوا دستخط و مہر عدالت سے۔ یہ اشتہار بابت مقدمہ دائرہ درخواست سرٹیفکیٹ جانشینی و دیگر امور متعلقہ فریقین کے لئے شائع کیا جا رہا ہے حسب ضابطہ بذریعہ اشتہار ہذا مطلع کیا جاتا ہے کہ مسمی مذکور کو اطلاع دی جاتی ہے کہ بروز مقررہ تاریخ پیشی پر عدالت ہذا میں حاضر ہو کر جواب دعویٰ داخل کرے بصورت دیگر کارروائی یکطرفہ عمل میں لائی جائے گی۔ آج بتاریخ جاری ہوا دستخط و مہر عدالت سے۔ یہ اشتہار بابت مقدمہ دائرہ درخواست سرٹیفکیٹ جانشینی و دیگر امور متعلقہ فریقین کے لئے شائع کیا جا رہا ہے
57
اشتہار
حسب ضابطہ بذریعہ اشتہار ہذا مطلع کیا جاتا ہے کہ مسمی مذکور کو اطلاع دی جاتی ہے کہ بروز مقررہ تاریخ پیشی پر عدالت ہذا میں حاضر ہو کر جواب دعویٰ داخل کرے بصورت دیگر کارروائی یکطرفہ عمل میں لائی جائے گی۔ آج بتاریخ جاری ہوا دستخط و مہر عدالت سے۔ یہ اشتہار بابت مقدمہ دائرہ درخواست سرٹیفکیٹ جانشینی و دیگر امور متعلقہ فریقین کے لئے شائع کیا جا رہا ہے حسب ضابطہ بذریعہ اشتہار ہذا مطلع کیا جاتا ہے کہ مسمی مذکور کو اطلاع دی جاتی ہے کہ بروز مقررہ تاریخ پیشی پر عدالت ہذا میں حاضر ہو کر جواب دعویٰ داخل کرے بصورت دیگر کارروائی یکطرفہ عمل میں لائی جائے گی۔ آج بتاریخ جاری ہوا دستخط و مہر عدالت سے۔ یہ اشتہار بابت مقدمہ دائرہ درخواست سرٹیفکیٹ جانشینی و دیگر امور متعلقہ فریقین کے لئے شائع کیا جا رہا ہے حسب ضابطہ بذریعہ اشتہار ہذا مطلع کیا جاتا ہے کہ مسمی مذکور کو اطلاع دی جاتی ہے کہ بروز مقررہ تاریخ پیشی پر عدالت ہذا میں حاضر ہو کر جواب دعویٰ داخل کرے بصورت دیگر کارروائی یکطرفہ عمل میں لائی جائے گی۔ آج بتاریخ جاری ہوا دستخط و مہر عدالت سے۔ یہ اشتہار بابت مقدمہ دائرہ درخواست سرٹیفکیٹ جانشینی و دیگر امور متعلقہ فریقین کے لئے شائع کیا جا رہا ہے
58
اشتہار
حسب ضابطہ بذریعہ اشتہار ہذا مطلع کیا جاتا ہے کہ مسمی مذکور کو اطلاع دی جاتی ہے کہ بروز مقررہ تاریخ پیشی پر عدالت ہذا میں حاضر ہو کر جواب دعویٰ داخل کرے بصورت دیگر کارروائی یکطرفہ عمل میں لائی جائے گی۔ آج بتاریخ جاری ہوا دستخط و مہر عدالت سے۔ یہ اشتہار بابت مقدمہ دائرہ درخواست سرٹیفکیٹ جانشینی و دیگر امور متعلقہ فریقین کے لئے شائع کیا جا رہا ہے حسب ضابطہ بذریعہ اشتہار ہذا مطلع کیا جاتا ہے کہ مسمی مذکور کو اطلاع دی جاتی ہے کہ بروز مقررہ تاریخ پیشی پر عدالت ہذا میں حاضر ہو کر جواب دعویٰ داخل کرے بصورت دیگر کارروائی یکطرفہ عمل میں لائی جائے گی۔ آج بتاریخ جاری ہوا دستخط و مہر عدالت سے۔ یہ اشتہار بابت مقدمہ دائرہ درخواست سرٹیفکیٹ جانشینی و دیگر امور متعلقہ فریقین کے لئے شائع کیا جا رہا ہے حسب ضابطہ بذریعہ اشتہار ہذا مطلع کیا جاتا ہے کہ مسمی مذکور کو اطلاع دی جاتی ہے کہ بروز مقررہ تاریخ پیشی پر عدالت ہذا میں حاضر ہو کر جواب دعویٰ داخل کرے بصورت دیگر کارروائی یکطرفہ عمل میں لائی جائے گی۔ آج بتاریخ جاری ہوا دستخط و مہر عدالت سے۔ یہ اشتہار بابت مقدمہ دائرہ درخواست سرٹیفکیٹ جانشینی و دیگر امور متعلقہ فریقین کے لئے شائع کیا جا رہا ہے
59
اشتہار
حسب ضابطہ بذریعہ اشتہار ہذا مطلع کیا جاتا ہے کہ مسمی مذکور کو اطلاع دی جاتی ہے کہ بروز مقررہ تاریخ پیشی پر عدالت ہذا میں حاضر ہو کر جواب دعویٰ داخل کرے بصورت دیگر کارروائی یکطرفہ عمل میں لائی جائے گی۔ آج بتاریخ جاری ہوا دستخط و مہر عدالت سے۔ یہ اشتہار بابت مقدمہ دائرہ درخواست سرٹیفکیٹ جانشینی و دیگر امور متعلقہ فریقین کے لئے شائع کیا جا رہا ہے حسب ضابطہ بذریعہ اشتہار ہذا مطلع کیا جاتا ہے کہ مسمی مذکور کو اطلاع دی جاتی ہے کہ بروز مقررہ تاریخ پیشی پر عدالت ہذا میں حاضر ہو کر جواب دعویٰ داخل کرے بصورت دیگر کارروائی یکطرفہ عمل میں لائی جائے گی۔ آج بتاریخ جاری ہوا دستخط و مہر عدالت سے۔ یہ اشتہار بابت مقدمہ دائرہ درخواست سرٹیفکیٹ جانشینی و دیگر امور متعلقہ فریقین کے لئے شائع کیا جا رہا ہے حسب ضابطہ بذریعہ اشتہار ہذا مطلع کیا جاتا ہے کہ مسمی مذکور کو اطلاع دی جاتی ہے کہ بروز مقررہ تاریخ پیشی پر عدالت ہذا میں حاضر ہو کر جواب دعویٰ داخل کرے بصورت دیگر کارروائی یکطرفہ عمل میں لائی جائے گی۔ آج بتاریخ جاری ہوا دستخط و مہر عدالت سے۔ یہ اشتہار بابت مقدمہ دائرہ درخواست سرٹیفکیٹ جانشینی و دیگر امور متعلقہ فریقین کے لئے شائع کیا جا رہا ہے
60
اشتہار
حسب ضابطہ بذریعہ اشتہار ہذا مطلع کیا جاتا ہے کہ مسمی مذکور کو اطلاع دی جاتی ہے کہ بروز مقررہ تاریخ پیشی پر عدالت ہذا میں حاضر ہو کر جواب دعویٰ داخل کرے بصورت دیگر کارروائی یکطرفہ عمل میں لائی جائے گی۔ آج بتاریخ جاری ہوا دستخط و مہر عدالت سے۔ یہ اشتہار بابت مقدمہ دائرہ درخواست سرٹیفکیٹ جانشینی و دیگر امور متعلقہ فریقین کے لئے شائع کیا جا رہا ہے حسب ضابطہ بذریعہ اشتہار ہذا مطلع کیا جاتا ہے کہ مسمی مذکور کو اطلاع دی جاتی ہے کہ بروز مقررہ تاریخ پیشی پر عدالت ہذا میں حاضر ہو کر جواب دعویٰ داخل کرے بصورت دیگر کارروائی یکطرفہ عمل میں لائی جائے گی۔ آج بتاریخ جاری ہوا دستخط و مہر عدالت سے۔ یہ اشتہار بابت مقدمہ دائرہ درخواست سرٹیفکیٹ جانشینی و دیگر امور متعلقہ فریقین کے لئے شائع کیا جا رہا ہے حسب ضابطہ بذریعہ اشتہار ہذا مطلع کیا جاتا ہے کہ مسمی مذکور کو اطلاع دی جاتی ہے کہ بروز مقررہ تاریخ پیشی پر عدالت ہذا میں حاضر ہو کر جواب دعویٰ داخل کرے بصورت دیگر کارروائی یکطرفہ عمل میں لائی جائے گی۔ آج بتاریخ جاری ہوا دستخط و مہر عدالت سے۔ یہ اشتہار بابت مقدمہ دائرہ درخواست سرٹیفکیٹ جانشینی و دیگر امور متعلقہ فریقین کے لئے شائع کیا جا رہا ہے
61
اشتہار
حسب ضابطہ بذریعہ اشتہار ہذا مطلع کیا جاتا ہے کہ مسمی مذکور کو اطلاع دی جاتی ہے کہ بروز مقررہ تاریخ پیشی پر عدالت ہذا میں حاضر ہو کر جواب دعویٰ داخل کرے بصورت دیگر کارروائی یکطرفہ عمل میں لائی جائے گی۔ آج بتاریخ جاری ہوا دستخط و مہر عدالت سے۔ یہ اشتہار بابت مقدمہ دائرہ درخواست سرٹیفکیٹ جانشینی و دیگر امور متعلقہ فریقین کے لئے شائع کیا جا رہا ہے حسب ضابطہ بذریعہ اشتہار ہذا مطلع کیا جاتا ہے کہ مسمی مذکور کو اطلاع دی جاتی ہے کہ بروز مقررہ تاریخ پیشی پر عدالت ہذا میں حاضر ہو کر جواب دعویٰ داخل کرے بصورت دیگر کارروائی یکطرفہ عمل میں لائی جائے گی۔ آج بتاریخ جاری ہوا دستخط و مہر عدالت سے۔ یہ اشتہار بابت مقدمہ دائرہ درخواست سرٹیفکیٹ جانشینی و دیگر امور متعلقہ فریقین کے لئے شائع کیا جا رہا ہے حسب ضابطہ بذریعہ اشتہار ہذا مطلع کیا جاتا ہے کہ مسمی مذکور کو اطلاع دی جاتی ہے کہ بروز مقررہ تاریخ پیشی پر عدالت ہذا میں حاضر ہو کر جواب دعویٰ داخل کرے بصورت دیگر کارروائی یکطرفہ عمل میں لائی جائے گی۔ آج بتاریخ جاری ہوا دستخط و مہر عدالت سے۔ یہ اشتہار بابت مقدمہ دائرہ درخواست سرٹیفکیٹ جانشینی و دیگر امور متعلقہ فریقین کے لئے شائع کیا جا رہا ہے
62
اشتہار
حسب ضابطہ بذریعہ اشتہار ہذا مطلع کیا جاتا ہے کہ مسمی مذکور کو اطلاع دی جاتی ہے کہ بروز مقررہ تاریخ پیشی پر عدالت ہذا میں حاضر ہو کر جواب دعویٰ داخل کرے بصورت دیگر کارروائی یکطرفہ عمل میں لائی جائے گی۔ آج بتاریخ جاری ہوا دستخط و مہر عدالت سے۔ یہ اشتہار بابت مقدمہ دائرہ درخواست سرٹیفکیٹ جانشینی و دیگر امور متعلقہ فریقین کے لئے شائع کیا جا رہا ہے حسب ضابطہ بذریعہ اشتہار ہذا مطلع کیا جاتا ہے کہ مسمی مذکور کو اطلاع دی جاتی ہے کہ بروز مقررہ تاریخ پیشی پر عدالت ہذا میں حاضر ہو کر جواب دعویٰ داخل کرے بصورت دیگر کارروائی یکطرفہ عمل میں لائی جائے گی۔ آج بتاریخ جاری ہوا دستخط و مہر عدالت سے۔ یہ اشتہار بابت مقدمہ دائرہ درخواست سرٹیفکیٹ جانشینی و دیگر امور متعلقہ فریقین کے لئے شائع کیا جا رہا ہے حسب ضابطہ بذریعہ اشتہار ہذا مطلع کیا جاتا ہے کہ مسمی مذکور کو اطلاع دی جاتی ہے کہ بروز مقررہ تاریخ پیشی پر عدالت ہذا میں حاضر ہو کر جواب دعویٰ داخل کرے بصورت دیگر کارروائی یکطرفہ عمل میں لائی جائے گی۔ آج بتاریخ جاری ہوا دستخط و مہر عدالت سے۔ یہ اشتہار بابت مقدمہ دائرہ درخواست سرٹیفکیٹ جانشینی و دیگر امور متعلقہ فریقین کے لئے شائع کیا جا رہا ہے
63
اشتہار
حسب ضابطہ بذریعہ اشتہار ہذا مطلع کیا جاتا ہے کہ مسمی مذکور کو اطلاع دی جاتی ہے کہ بروز مقررہ تاریخ پیشی پر عدالت ہذا میں حاضر ہو کر جواب دعویٰ داخل کرے بصورت دیگر کارروائی یکطرفہ عمل میں لائی جائے گی۔ آج بتاریخ جاری ہوا دستخط و مہر عدالت سے۔ یہ اشتہار بابت مقدمہ دائرہ درخواست سرٹیفکیٹ جانشینی و دیگر امور متعلقہ فریقین کے لئے شائع کیا جا رہا ہے حسب ضابطہ بذریعہ اشتہار ہذا مطلع کیا جاتا ہے کہ مسمی مذکور کو اطلاع دی جاتی ہے کہ بروز مقررہ تاریخ پیشی پر عدالت ہذا میں حاضر ہو کر جواب دعویٰ داخل کرے بصورت دیگر کارروائی یکطرفہ عمل میں لائی جائے گی۔ آج بتاریخ جاری ہوا دستخط و مہر عدالت سے۔ یہ اشتہار بابت مقدمہ دائرہ درخواست سرٹیفکیٹ جانشینی و دیگر امور متعلقہ فریقین کے لئے شائع کیا جا رہا ہے حسب ضابطہ بذریعہ اشتہار ہذا مطلع کیا جاتا ہے کہ مسمی مذکور کو اطلاع دی جاتی ہے کہ بروز مقررہ تاریخ پیشی پر عدالت ہذا میں حاضر ہو کر جواب دعویٰ داخل کرے بصورت دیگر کارروائی یکطرفہ عمل میں لائی جائے گی۔ آج بتاریخ جاری ہوا دستخط و مہر عدالت سے۔ یہ اشتہار بابت مقدمہ دائرہ درخواست سرٹیفکیٹ جانشینی و دیگر امور متعلقہ فریقین کے لئے شائع کیا جا رہا ہے
64
اشتہار
حسب ضابطہ بذریعہ اشتہار ہذا مطلع کیا جاتا ہے کہ مسمی مذکور کو اطلاع دی جاتی ہے کہ بروز مقررہ تاریخ پیشی پر عدالت ہذا میں حاضر ہو کر جواب دعویٰ داخل کرے بصورت دیگر کارروائی یکطرفہ عمل میں لائی جائے گی۔ آج بتاریخ جاری ہوا دستخط و مہر عدالت سے۔ یہ اشتہار بابت مقدمہ دائرہ درخواست سرٹیفکیٹ جانشینی و دیگر امور متعلقہ فریقین کے لئے شائع کیا جا رہا ہے حسب ضابطہ بذریعہ اشتہار ہذا مطلع کیا جاتا ہے کہ مسمی مذکور کو اطلاع دی جاتی ہے کہ بروز مقررہ تاریخ پیشی پر عدالت ہذا میں حاضر ہو کر جواب دعویٰ داخل کرے بصورت دیگر کارروائی یکطرفہ عمل میں لائی جائے گی۔ آج بتاریخ جاری ہوا دستخط و مہر عدالت سے۔ یہ اشتہار بابت مقدمہ دائرہ درخواست سرٹیفکیٹ جانشینی و دیگر امور متعلقہ فریقین کے لئے شائع کیا جا رہا ہے حسب ضابطہ بذریعہ اشتہار ہذا مطلع کیا جاتا ہے کہ مسمی مذکور کو اطلاع دی جاتی ہے کہ بروز مقررہ تاریخ پیشی پر عدالت ہذا میں حاضر ہو کر جواب دعویٰ داخل کرے بصورت دیگر کارروائی یکطرفہ عمل میں لائی جائے گی۔ آج بتاریخ جاری ہوا دستخط و مہر عدالت سے۔ یہ اشتہار بابت مقدمہ دائرہ درخواست سرٹیفکیٹ جانشینی و دیگر امور متعلقہ فریقین کے لئے شائع کیا جا رہا ہے
65
اشتہار
حسب ضابطہ بذریعہ اشتہار ہذا مطلع کیا جاتا ہے کہ مسمی مذکور کو اطلاع دی جاتی ہے کہ بروز مقررہ تاریخ پیشی پر عدالت ہذا میں حاضر ہو کر جواب دعویٰ داخل کرے بصورت دیگر کارروائی یکطرفہ عمل میں لائی جائے گی۔ آج بتاریخ جاری ہوا دستخط و مہر عدالت سے۔ یہ اشتہار بابت مقدمہ دائرہ درخواست سرٹیفکیٹ جانشینی و دیگر امور متعلقہ فریقین کے لئے شائع کیا جا رہا ہے حسب ضابطہ بذریعہ اشتہار ہذا مطلع کیا جاتا ہے کہ مسمی مذکور کو اطلاع دی جاتی ہے کہ بروز مقررہ تاریخ پیشی پر عدالت ہذا میں حاضر ہو کر جواب دعویٰ داخل کرے بصورت دیگر کارروائی یکطرفہ عمل میں لائی جائے گی۔ آج بتاریخ جاری ہوا دستخط و مہر عدالت سے۔ یہ اشتہار بابت مقدمہ دائرہ درخواست سرٹیفکیٹ جانشینی و دیگر امور متعلقہ فریقین کے لئے شائع کیا جا رہا ہے حسب ضابطہ بذریعہ اشتہار ہذا مطلع کیا جاتا ہے کہ مسمی مذکور کو اطلاع دی جاتی ہے کہ بروز مقررہ تاریخ پیشی پر عدالت ہذا میں حاضر ہو کر جواب دعویٰ داخل کرے بصورت دیگر کارروائی یکطرفہ عمل میں لائی جائے گی۔ آج بتاریخ جاری ہوا دستخط و مہر عدالت سے۔ یہ اشتہار بابت مقدمہ دائرہ درخواست سرٹیفکیٹ جانشینی و دیگر امور متعلقہ فریقین کے لئے شائع کیا جا رہا ہے
بعدالت راجہ شہریز خان
ڈسٹرکٹ جج کوٹلی
حسب ضابطہ بذریعہ اشتہار ہذا مطلع کیا جاتا ہے کہ مسمی مذکور کو اطلاع دی جاتی ہے کہ بروز مقررہ تاریخ پیشی پر عدالت ہذا میں حاضر ہو کر جواب دعویٰ داخل کرے بصورت دیگر کارروائی یکطرفہ عمل میں لائی جائے گی۔ آج بتاریخ جاری ہوا دستخط و مہر عدالت سے۔ یہ اشتہار بابت مقدمہ دائرہ درخواست سرٹیفکیٹ جانشینی و دیگر امور متعلقہ فریقین کے لئے شائع کیا جا رہا ہے حسب ضابطہ بذریعہ اشتہار ہذا مطلع کیا جاتا ہے کہ مسمی مذکور کو اطلاع دی جاتی ہے کہ بروز مقررہ تاریخ پیشی پر عدالت ہذا میں حاضر ہو کر جواب دعویٰ داخل کرے بصورت دیگر کارروائی یکطرفہ عمل میں لائی جائے گی۔ آج بتاریخ جاری ہوا دستخط و مہر عدالت سے۔ یہ اشتہار بابت مقدمہ دائرہ درخواست سرٹیفکیٹ جانشینی و دیگر امور متعلقہ فریقین کے لئے شائع کیا جا رہا ہے
66
اشتہار
حسب ضابطہ بذریعہ اشتہار ہذا مطلع کیا جاتا ہے کہ مسمی مذکور کو اطلاع دی جاتی ہے کہ بروز مقررہ تاریخ پیشی پر عدالت ہذا میں حاضر ہو کر جواب دعویٰ داخل کرے بصورت دیگر کارروائی یکطرفہ عمل میں لائی جائے گی۔ آج بتاریخ جاری ہوا دستخط و مہر عدالت سے۔ یہ اشتہار بابت مقدمہ دائرہ درخواست سرٹیفکیٹ جانشینی و دیگر امور متعلقہ فریقین کے لئے شائع کیا جا رہا ہے حسب ضابطہ بذریعہ اشتہار ہذا مطلع کیا جاتا ہے کہ مسمی مذکور کو اطلاع دی جاتی ہے کہ بروز مقررہ تاریخ پیشی پر عدالت ہذا میں حاضر ہو کر جواب دعویٰ داخل کرے بصورت دیگر کارروائی یکطرفہ عمل میں لائی جائے گی۔ آج بتاریخ جاری ہوا دستخط و مہر عدالت سے۔ یہ اشتہار بابت مقدمہ دائرہ درخواست سرٹیفکیٹ جانشینی و دیگر امور متعلقہ فریقین کے لئے شائع کیا جا رہا ہے حسب ضابطہ بذریعہ اشتہار ہذا مطلع کیا جاتا ہے کہ مسمی مذکور کو اطلاع دی جاتی ہے کہ بروز مقررہ تاریخ پیشی پر عدالت ہذا میں حاضر ہو کر جواب دعویٰ داخل کرے بصورت دیگر کارروائی یکطرفہ عمل میں لائی جائے گی۔ آج بتاریخ جاری ہوا دستخط و مہر عدالت سے۔ یہ اشتہار بابت مقدمہ دائرہ درخواست سرٹیفکیٹ جانشینی و دیگر امور متعلقہ فریقین کے لئے شائع کیا جا رہا ہے
67
اشتہار
حسب ضابطہ بذریعہ اشتہار ہذا مطلع کیا جاتا ہے کہ مسمی مذکور کو اطلاع دی جاتی ہے کہ بروز مقررہ تاریخ پیشی پر عدالت ہذا میں حاضر ہو کر جواب دعویٰ داخل کرے بصورت دیگر کارروائی یکطرفہ عمل میں لائی جائے گی۔ آج بتاریخ جاری ہوا دستخط و مہر عدالت سے۔ یہ اشتہار بابت مقدمہ دائرہ درخواست سرٹیفکیٹ جانشینی و دیگر امور متعلقہ فریقین کے لئے شائع کیا جا رہا ہے حسب ضابطہ بذریعہ اشتہار ہذا مطلع کیا جاتا ہے کہ مسمی مذکور کو اطلاع دی جاتی ہے کہ بروز مقررہ تاریخ پیشی پر عدالت ہذا میں حاضر ہو کر جواب دعویٰ داخل کرے بصورت دیگر کارروائی یکطرفہ عمل میں لائی جائے گی۔ آج بتاریخ جاری ہوا دستخط و مہر عدالت سے۔ یہ اشتہار بابت مقدمہ دائرہ درخواست سرٹیفکیٹ جانشینی و دیگر امور متعلقہ فریقین کے لئے شائع کیا جا رہا ہے حسب ضابطہ بذریعہ اشتہار ہذا مطلع کیا جاتا ہے کہ مسمی مذکور کو اطلاع دی جاتی ہے کہ بروز مقررہ تاریخ پیشی پر عدالت ہذا میں حاضر ہو کر جواب دعویٰ داخل کرے بصورت دیگر کارروائی یکطرفہ عمل میں لائی جائے گی۔ آج بتاریخ جاری ہوا دستخط و مہر عدالت سے۔ یہ اشتہار بابت مقدمہ دائرہ درخواست سرٹیفکیٹ جانشینی و دیگر امور متعلقہ فریقین کے لئے شائع کیا جا رہا ہے
68
اشتہار
حسب ضابطہ بذریعہ اشتہار ہذا مطلع کیا جاتا ہے کہ مسمی مذکور کو اطلاع دی جاتی ہے کہ بروز مقررہ تاریخ پیشی پر عدالت ہذا میں حاضر ہو کر جواب دعویٰ داخل کرے بصورت دیگر کارروائی یکطرفہ عمل میں لائی جائے گی۔ آج بتاریخ جاری ہوا دستخط و مہر عدالت سے۔ یہ اشتہار بابت مقدمہ دائرہ درخواست سرٹیفکیٹ جانشینی و دیگر امور متعلقہ فریقین کے لئے شائع کیا جا رہا ہے حسب ضابطہ بذریعہ اشتہار ہذا مطلع کیا جاتا ہے کہ مسمی مذکور کو اطلاع دی جاتی ہے کہ بروز مقررہ تاریخ پیشی پر عدالت ہذا میں حاضر ہو کر جواب دعویٰ داخل کرے بصورت دیگر کارروائی یکطرفہ عمل میں لائی جائے گی۔ آج بتاریخ جاری ہوا دستخط و مہر عدالت سے۔ یہ اشتہار بابت مقدمہ دائرہ درخواست سرٹیفکیٹ جانشینی و دیگر امور متعلقہ فریقین کے لئے شائع کیا جا رہا ہے حسب ضابطہ بذریعہ اشتہار ہذا مطلع کیا جاتا ہے کہ مسمی مذکور کو اطلاع دی جاتی ہے کہ بروز مقررہ تاریخ پیشی پر عدالت ہذا میں حاضر ہو کر جواب دعویٰ داخل کرے بصورت دیگر کارروائی یکطرفہ عمل میں لائی جائے گی۔ آج بتاریخ جاری ہوا دستخط و مہر عدالت سے۔ یہ اشتہار بابت مقدمہ دائرہ درخواست سرٹیفکیٹ جانشینی و دیگر امور متعلقہ فریقین کے لئے شائع کیا جا رہا ہے
69
اشتہار
حسب ضابطہ بذریعہ اشتہار ہذا مطلع کیا جاتا ہے کہ مسمی مذکور کو اطلاع دی جاتی ہے کہ بروز مقررہ تاریخ پیشی پر عدالت ہذا میں حاضر ہو کر جواب دعویٰ داخل کرے بصورت دیگر کارروائی یکطرفہ عمل میں لائی جائے گی۔ آج بتاریخ جاری ہوا دستخط و مہر عدالت سے۔ یہ اشتہار بابت مقدمہ دائرہ درخواست سرٹیفکیٹ جانشینی و دیگر امور متعلقہ فریقین کے لئے شائع کیا جا رہا ہے حسب ضابطہ بذریعہ اشتہار ہذا مطلع کیا جاتا ہے کہ مسمی مذکور کو اطلاع دی جاتی ہے کہ بروز مقررہ تاریخ پیشی پر عدالت ہذا میں حاضر ہو کر جواب دعویٰ داخل کرے بصورت دیگر کارروائی یکطرفہ عمل میں لائی جائے گی۔ آج بتاریخ جاری ہوا دستخط و مہر عدالت سے۔ یہ اشتہار بابت مقدمہ دائرہ درخواست سرٹیفکیٹ جانشینی و دیگر امور متعلقہ فریقین کے لئے شائع کیا جا رہا ہے حسب ضابطہ بذریعہ اشتہار ہذا مطلع کیا جاتا ہے کہ مسمی مذکور کو اطلاع دی جاتی ہے کہ بروز مقررہ تاریخ پیشی پر عدالت ہذا میں حاضر ہو کر جواب دعویٰ داخل کرے بصورت دیگر کارروائی یکطرفہ عمل میں لائی جائے گی۔ آج بتاریخ جاری ہوا دستخط و مہر عدالت سے۔ یہ اشتہار بابت مقدمہ دائرہ درخواست سرٹیفکیٹ جانشینی و دیگر امور متعلقہ فریقین کے لئے شائع کیا جا رہا ہے
70
اشتہار
حسب ضابطہ بذریعہ اشتہار ہذا مطلع کیا جاتا ہے کہ مسمی مذکور کو اطلاع دی جاتی ہے کہ بروز مقررہ تاریخ پیشی پر عدالت ہذا میں حاضر ہو کر جواب دعویٰ داخل کرے بصورت دیگر کارروائی یکطرفہ عمل میں لائی جائے گی۔ آج بتاریخ جاری ہوا دستخط و مہر عدالت سے۔ یہ اشتہار بابت مقدمہ دائرہ درخواست سرٹیفکیٹ جانشینی و دیگر امور متعلقہ فریقین کے لئے شائع کیا جا رہا ہے حسب ضابطہ بذریعہ اشتہار ہذا مطلع کیا جاتا ہے کہ مسمی مذکور کو اطلاع دی جاتی ہے کہ بروز مقررہ تاریخ پیشی پر عدالت ہذا میں حاضر ہو کر جواب دعویٰ داخل کرے بصورت دیگر کارروائی یکطرفہ عمل میں لائی جائے گی۔ آج بتاریخ جاری ہوا دستخط و مہر عدالت سے۔ یہ اشتہار بابت مقدمہ دائرہ درخواست سرٹیفکیٹ جانشینی و دیگر امور متعلقہ فریقین کے لئے شائع کیا جا رہا ہے حسب ضابطہ بذریعہ اشتہار ہذا مطلع کیا جاتا ہے کہ مسمی مذکور کو اطلاع دی جاتی ہے کہ بروز مقررہ تاریخ پیشی پر عدالت ہذا میں حاضر ہو کر جواب دعویٰ داخل کرے بصورت دیگر کارروائی یکطرفہ عمل میں لائی جائے گی۔ آج بتاریخ جاری ہوا دستخط و مہر عدالت سے۔ یہ اشتہار بابت مقدمہ دائرہ درخواست سرٹیفکیٹ جانشینی و دیگر امور متعلقہ فریقین کے لئے شائع کیا جا رہا ہے
71
اشتہار
حسب ضابطہ بذریعہ اشتہار ہذا مطلع کیا جاتا ہے کہ مسمی مذکور کو اطلاع دی جاتی ہے کہ بروز مقررہ تاریخ پیشی پر عدالت ہذا میں حاضر ہو کر جواب دعویٰ داخل کرے بصورت دیگر کارروائی یکطرفہ عمل میں لائی جائے گی۔ آج بتاریخ جاری ہوا دستخط و مہر عدالت سے۔ یہ اشتہار بابت مقدمہ دائرہ درخواست سرٹیفکیٹ جانشینی و دیگر امور متعلقہ فریقین کے لئے شائع کیا جا رہا ہے حسب ضابطہ بذریعہ اشتہار ہذا مطلع کیا جاتا ہے کہ مسمی مذکور کو اطلاع دی جاتی ہے کہ بروز مقررہ تاریخ پیشی پر عدالت ہذا میں حاضر ہو کر جواب دعویٰ داخل کرے بصورت دیگر کارروائی یکطرفہ عمل میں لائی جائے گی۔ آج بتاریخ جاری ہوا دستخط و مہر عدالت سے۔ یہ اشتہار بابت مقدمہ دائرہ درخواست سرٹیفکیٹ جانشینی و دیگر امور متعلقہ فریقین کے لئے شائع کیا جا رہا ہے حسب ضابطہ بذریعہ اشتہار ہذا مطلع کیا جاتا ہے کہ مسمی مذکور کو اطلاع دی جاتی ہے کہ بروز مقررہ تاریخ پیشی پر عدالت ہذا میں حاضر ہو کر جواب دعویٰ داخل کرے بصورت دیگر کارروائی یکطرفہ عمل میں لائی جائے گی۔ آج بتاریخ جاری ہوا دستخط و مہر عدالت سے۔ یہ اشتہار بابت مقدمہ دائرہ درخواست سرٹیفکیٹ جانشینی و دیگر امور متعلقہ فریقین کے لئے شائع کیا جا رہا ہے
72
اشتہار
حسب ضابطہ بذریعہ اشتہار ہذا مطلع کیا جاتا ہے کہ مسمی مذکور کو اطلاع دی جاتی ہے کہ بروز مقررہ تاریخ پیشی پر عدالت ہذا میں حاضر ہو کر جواب دعویٰ داخل کرے بصورت دیگر کارروائی یکطرفہ عمل میں لائی جائے گی۔ آج بتاریخ جاری ہوا دستخط و مہر عدالت سے۔ یہ اشتہار بابت مقدمہ دائرہ درخواست سرٹیفکیٹ جانشینی و دیگر امور متعلقہ فریقین کے لئے شائع کیا جا رہا ہے حسب ضابطہ بذریعہ اشتہار ہذا مطلع کیا جاتا ہے کہ مسمی مذکور کو اطلاع دی جاتی ہے کہ بروز مقررہ تاریخ پیشی پر عدالت ہذا میں حاضر ہو کر جواب دعویٰ داخل کرے بصورت دیگر کارروائی یکطرفہ عمل میں لائی جائے گی۔ آج بتاریخ جاری ہوا دستخط و مہر عدالت سے۔ یہ اشتہار بابت مقدمہ دائرہ درخواست سرٹیفکیٹ جانشینی و دیگر امور متعلقہ فریقین کے لئے شائع کیا جا رہا ہے حسب ضابطہ بذریعہ اشتہار ہذا مطلع کیا جاتا ہے کہ مسمی مذکور کو اطلاع دی جاتی ہے کہ بروز مقررہ تاریخ پیشی پر عدالت ہذا میں حاضر ہو کر جواب دعویٰ داخل کرے بصورت دیگر کارروائی یکطرفہ عمل میں لائی جائے گی۔ آج بتاریخ جاری ہوا دستخط و مہر عدالت سے۔ یہ اشتہار بابت مقدمہ دائرہ درخواست سرٹیفکیٹ جانشینی و دیگر امور متعلقہ فریقین کے لئے شائع کیا جا رہا ہے
73
اشتہار
حسب ضابطہ بذریعہ اشتہار ہذا مطلع کیا جاتا ہے کہ مسمی مذکور کو اطلاع دی جاتی ہے کہ بروز مقررہ تاریخ پیشی پر عدالت ہذا میں حاضر ہو کر جواب دعویٰ داخل کرے بصورت دیگر کارروائی یکطرفہ عمل میں لائی جائے گی۔ آج بتاریخ جاری ہوا دستخط و مہر عدالت سے۔ یہ اشتہار بابت مقدمہ دائرہ درخواست سرٹیفکیٹ جانشینی و دیگر امور متعلقہ فریقین کے لئے شائع کیا جا رہا ہے حسب ضابطہ بذریعہ اشتہار ہذا مطلع کیا جاتا ہے کہ مسمی مذکور کو اطلاع دی جاتی ہے کہ بروز مقررہ تاریخ پیشی پر عدالت ہذا میں حاضر ہو کر جواب دعویٰ داخل کرے بصورت دیگر کارروائی یکطرفہ عمل میں لائی جائے گی۔ آج بتاریخ جاری ہوا دستخط و مہر عدالت سے۔ یہ اشتہار بابت مقدمہ دائرہ درخواست سرٹیفکیٹ جانشینی و دیگر امور متعلقہ فریقین کے لئے شائع کیا جا رہا ہے حسب ضابطہ بذریعہ اشتہار ہذا مطلع کیا جاتا ہے کہ مسمی مذکور کو اطلاع دی جاتی ہے کہ بروز مقررہ تاریخ پیشی پر عدالت ہذا میں حاضر ہو کر جواب دعویٰ داخل کرے بصورت دیگر کارروائی یکطرفہ عمل میں لائی جائے گی۔ آج بتاریخ جاری ہوا دستخط و مہر عدالت سے۔ یہ اشتہار بابت مقدمہ دائرہ درخواست سرٹیفکیٹ جانشینی و دیگر امور متعلقہ فریقین کے لئے شائع کیا جا رہا ہے
ڈسٹرکٹ جج کوٹلی
